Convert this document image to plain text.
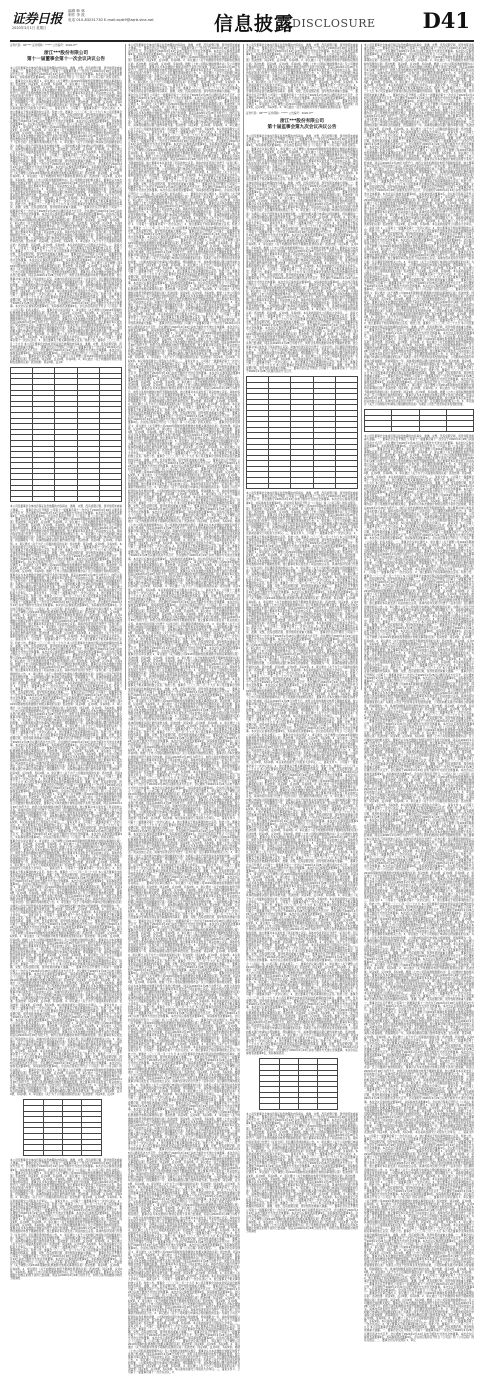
证券日报
2020年3月1日 星期日
编辑 韩 林
制作 李 波
电话 010-83251730 E-mail:zqrb9@zqrb.sina.net	信息披露
DISCLOSURE D41
证券代码：00**** 证券简称：***** 公告编号：2020-0**
浙江***股份有限公司
第十一届董事会第十一次会议决议公告
本公司及董事会全体成员保证信息披露的内容真实、准确、完整，没有虚假记载、误导性陈述或重大遗漏。一、董事会会议召开情况 公司第十一届董事会第十一次会议于2020年2月28日以通讯表决方式召开，会议通知于2020年2月24日以电子邮件方式送达全体董事。本次会议应参加表决董事9名，实际参加表决董事9名。会议的召集和召开符合《公司法》和《公司章程》的有关规定。二、董事会会议审议情况 1、审议通过《关于调整公司2019年限制性股票激励计划相关事项的议案》表决结果：同意9票，反对0票，弃权0票。2、审议通过《关于向激励对象授予限制性股票的议案》表决结果：同意9票，反对0票，弃权0票。根据《上市公司股权激励管理办法》及公司激励计划的相关规定，董事会认为本次激励计划规定的授予条件已经成就，同意以2020年2月28日为授予日，向符合条件的激励对象授予限制性股票。独立董事对本议案发表了同意的独立意见。具体内容详见同日刊登于《证券日报》及巨潮资讯网的相关公告。3、审议通过《关于公司向银行申请综合授信额度的议案》为满足公司生产经营和业务发展的需要，公司拟向相关银行申请综合授信额度，授信期限为一年，具体授信额度以银行最终审批为准。表决结果：同意9票，反对0票，弃权0票。4、审议通过《关于为子公司提供担保的议案》表决结果：同意9票，反对0票，弃权0票。本议案尚需提交公司股东大会审议。三、备查文件 1、公司第十一届董事会第十一次会议决议；2、独立董事关于相关事项的独立意见。特此公告。董事会 二〇二〇年二月二十九日 本公司及董事会全体成员保证信息披露的内容真实、准确、完整，没有虚假记载、误导性陈述或重大遗漏。一、董事会会议召开情况 公司第十一届董事会第十一次会议于2020年2月28日以通讯表决方式召开，会议通知于2020年2月24日以电子邮件方式送达全体董事。本次会议应参加表决董事9名，实际参加表决董事9名。会议的召集和召开符合《公司法》和《公司章程》的有关规定。二、董事会会议审议情况 1、审议通过《关于调整公司2019年限制性股票激励计划相关事项的议案》表决结果：同意9票，反对0票，弃权0票。2、审议通过《关于向激励对象授予限制性股票的议案》表决结果：同意9票，反对0票，弃权0票。根据《上市公司股权激励管理办法》及公司激励计划的相关规定，董事会认为本次激励计划规定的授予条件已经成就，同意以2020年2月28日为授予日，向符合条件的激励对象授予限制性股票。独立董事对本议案发表了同意的独立意见。具体内容详见同日刊登于《证券日报》及巨潮资讯网的相关公告。3、审议通过《关于公司向银行申请综合授信额度的议案》为满足公司生产经营和业务发展的需要，公司拟向相关银行申请综合授信额度，授信期限为一年，具体授信额度以银行最终审批为准。表决结果：同意9票，反对0票，弃权0票。4、审议通过《关于为子公司提供担保的议案》表决结果：同意9票，反对0票，弃权0票。本议案尚需提交公司股东大会审议。三、备查文件 1、公司第十一届董事会第十一次会议决议；2、独立董事关于相关事项的独立意见。特此公告。董事会 二〇二〇年二月二十九日 本公司及董事会全体成员保证信息披露的内容真实、准确、完整，没有虚假记载、误导性陈述或重大遗漏。一、董事会会议召开情况 公司第十一届董事会第十一次会议于2020年2月28日以通讯表决方式召开，会议通知于2020年2月24日以电子邮件方式送达全体董事。本次会议应参加表决董事9名，实际参加表决董事9名。会议的召集和召开符合《公司法》和《公司章程》的有关规定。二、董事会会议审议情况 1、审议通过《关于调整公司2019年限制性股票激励计划相关事项的议案》表决结果：同意9票，反对0票，弃权0票。2、审议通过《关于向激励对象授予限制性股票的议案》表决结果：同意9票，反对0票，弃权0票。根据《上市公司股权激励管理办法》及公司激励计划的相关规定，董事会认为本次激励计划规定的授予条件已经成就，同意以2020年2月28日为授予日，向符合条件的激励对象授予限制性股票。独立董事对本议案发表了同意的独立意见。具体内容详见同日刊登于《证券日报》及巨潮资讯网的相关公告。3、审议通过《关于公司向银行申请综合授信额度的议案》为满足公司生产经营和业务发展的需要，公司拟向相关银行申请综合授信额度，授信期限为一年，具体授信额度以银行最终审批为准。表决结果：同意9票，反对0票，弃权0票。4、审议通过《关于为子公司提供担保的议案》表决结果：同意9票，反对0票，弃权0票。本议案尚需提交公司股东大会审议。三、备查文件 1、公司第十一届董事会第十一次会议决议；2、独立董事关于相关事项的独立意见。特此公告。董事会 二〇二〇年二月二十九日 本公司及董事会全体成员保证信息披露的内容真实、准确、完整，没有虚假记载、误导性陈述或重大遗漏。一、董事会会议召开情况 公司第十一届董事会第十一次会议于2020年2月28日以通讯表决方式召开，会议通知于2020年2月24日以电子邮件方式送达全体董事。本次会议应参加表决董事9名，实际参加表决董事9名。会议的召集和召开符合《公司法》和《公司章程》的有关规定。二、董事会会议审议情况 1、审议通过《关于调整公司2019年限制性股票激励计划相关事项的议案》表决结果：同意9票，反对0票，弃权0票。2、审议通过《关于向激励对象授予限制性股票的议案》表决结果：同意9票，反对0票，弃权0票。根据《上市公司股权激励管理办法》及公司激励计划的相关规定，董事会认为本次激励计划规定的授予条件已经成就，同意以2020年2月28日为授予日，向符合条件的激励对象授予限制性股票。独立董事对本议案发表了同意的独立意见。具体内容详见同日刊登于《证券日报》及巨潮资讯网的相关公告。3、审议通过《关于公司向银行申请综合授信额度的议案》为满足公司生产经营和业务发展的需要，公司拟向相关银行申请综合授信额度，授信期限为一年，具体授信额度以银行最终审批为准。表决结果：同意9票，反对0票，弃权0票。4、审议通过《关于为子公司提供担保的议案》表决结果：同意9票，反对0票，弃权0票。本议案尚需提交公司股东大会审议。三、备查文件 1、公司第十一届董事会第十一次会议决议；2、独立董事关于相关事项的独立意见。特此公告。董事会 二〇二〇年二月二十九日 本公司及董事会全体成员保证信息披露的内容真实、准确、完整，没有虚假记载、误导性陈述或重大遗漏。一、董事会会议召开情况 公司第十一届董事会第十一次会议于2020年2月28日以通讯表决方式召开，会议通知于2020年2月24日以电子邮件方式送达全体董事。本次会议应参加表决董事9名，实际参加表决董事9名。会议的召集和召开符合《公司法》和《公司章程》的有关规定。二、董事会会议审议情况 1、审议通过《关于调整公司2019年限制性股票激励计划相关事项的议案》表决结果：同意9票，反对0票，弃权0票。2、审议通过《关于向激励对象授予限制性股票的议案》表决结果：同意9票，反对0票，弃权0票。根据《上市公司股权激励管理办法》及公司激励计划的相关规定，董事会认为本次激励计划规定的授予条件已经成就，同意以2020年2月28日为授予日，向符合条件的激励对象授予限制性股票。独立董事对本议案发表了同意的独立意见。具体内容详见同日刊登于《证券日报》及巨潮资讯网的相关公告。3、审议通过《关于公司向银行申请综合授信额度的议案》为满足公司生产经营和业务发展的需要，公司拟向相关银行申请综合授信额度，授信期限为一年，具体授信额度以银行最终审批为准。表决结果：同意9票，反对0票，弃权0票。4、审议通过《关于为子公司提供担保的议案》表决结果：同意9票，反对0票，弃权0票。本议案尚需提交公司股东大会审议。三、备查文件 1、公司第十一届董事会第十一次会议决议；2、独立董事关于相关事项的独立意见。特此公告。董事会 二〇二〇年二月二十九日 本公司及董事会全体成员保证信息披露的内容真实、准确、完整，没有虚假记载、误导性陈述或重大遗漏。一、董事会会议召开情况 公司第十一届董事会第十一次会议于2020年2月28日以通讯表决方式召开，会议通知于2020年2月24日以电子邮件方式送达全体董事。本次会议应参加表决董事9名，实际参加表决董事9名。会议的召集和召开符合《公司法》和《公司章程》的有关规定。二、董事会会议审议情况 1、审议通过《关于调整公司2019年限制性股票激励计划相关事项的议案》表决结果：同意9票，反对0票，弃权0票。2、审议通过《关于向激励对象授予限制性股票的议案》表决结果：同意9票，反对0票，弃权0票。根据《上市公司股权激励管理办法》及公司激励计划的相关规定，董事会认为本次激励计划规定的授予条件已经成就，同意以2020年2月28日为授予日，向符合条件的激励对象授予限制性股票。独立董事对本议案发表了同意的独立意见。具体内容详见同日刊登于《证券日报》及巨潮资讯网的相关公告。3、审议通过《关于公司向银行申请综合授信额度的议案》为满足公司生产经营和业务发展的需要，公司拟向相关银行申请综合授信额度，授信期限为一年，具体授信额度以银行最终审批为准。表决结果：同意9票，反对0票，弃权0票。4、审议通过《关于为子公司提供担保的议案》表决结果：同意9票，反对0票，弃权0票。本议案尚需提交公司股东大会审议。三、备查文件 1、公司第十一届董事会第十一次会议决议；2、独立董事关于相关事项的独立意见。特此公告。董事会 二〇二〇年二月二十九日 本公司及董事会全体成员保证信息披露的内容真实、准确、完整，没有虚假记载、误导性陈述或重大遗漏。一、董事会会议召开情况 公司第十一届董事会第十一次会议于2020年2月28日以通讯表决方式召开，会议通知于2020年2月24日以电子邮件方式送达全体董事。本次会议应参加表决董事9名，实际参加表决董事9名。会议的召集和召开符合《公司法》和《公司章程》的有关规定。二、董事会会议审议情况 1、审议通过《关于调整公司2019年限制性股票激励计划相关事项的议案》表决结果：同意9票，反对0票，弃权0票。2、审议通过《关于向激励对象授予限制性股票的议案》表决结果：同意9票，反对0

本公司及董事会全体成员保证信息披露的内容真实、准确、完整，没有虚假记载、误导性陈述或重大遗漏。一、董事会会议召开情况 公司第十一届董事会第十一次会议于2020年2月28日以通讯表决方式召开，会议通知于2020年2月24日以电子邮件方式送达全体董事。本次会议应参加表决董事9名，实际参加表决董事9名。会议的召集和召开符合《公司法》和《公司章程》的有关规定。二、董事会会议审议情况 1、审议通过《关于调整公司2019年限制性股票激励计划相关事项的议案》表决结果：同意9票，反对0票，弃权0票。2、审议通过《关于向激励对象授予限制性股票的议案》表决结果：同意9票，反对0票，弃权0票。根据《上市公司股权激励管理办法》及公司激励计划的相关规定，董事会认为本次激励计划规定的授予条件已经成就，同意以2020年2月28日为授予日，向符合条件的激励对象授予限制性股票。独立董事对本议案发表了同意的独立意见。具体内容详见同日刊登于《证券日报》及巨潮资讯网的相关公告。3、审议通过《关于公司向银行申请综合授信额度的议案》为满足公司生产经营和业务发展的需要，公司拟向相关银行申请综合授信额度，授信期限为一年，具体授信额度以银行最终审批为准。表决结果：同意9票，反对0票，弃权0票。4、审议通过《关于为子公司提供担保的议案》表决结果：同意9票，反对0票，弃权0票。本议案尚需提交公司股东大会审议。三、备查文件 1、公司第十一届董事会第十一次会议决议；2、独立董事关于相关事项的独立意见。特此公告。董事会 二〇二〇年二月二十九日 本公司及董事会全体成员保证信息披露的内容真实、准确、完整，没有虚假记载、误导性陈述或重大遗漏。一、董事会会议召开情况 公司第十一届董事会第十一次会议于2020年2月28日以通讯表决方式召开，会议通知于2020年2月24日以电子邮件方式送达全体董事。本次会议应参加表决董事9名，实际参加表决董事9名。会议的召集和召开符合《公司法》和《公司章程》的有关规定。二、董事会会议审议情况 1、审议通过《关于调整公司2019年限制性股票激励计划相关事项的议案》表决结果：同意9票，反对0票，弃权0票。2、审议通过《关于向激励对象授予限制性股票的议案》表决结果：同意9票，反对0票，弃权0票。根据《上市公司股权激励管理办法》及公司激励计划的相关规定，董事会认为本次激励计划规定的授予条件已经成就，同意以2020年2月28日为授予日，向符合条件的激励对象授予限制性股票。独立董事对本议案发表了同意的独立意见。具体内容详见同日刊登于《证券日报》及巨潮资讯网的相关公告。3、审议通过《关于公司向银行申请综合授信额度的议案》为满足公司生产经营和业务发展的需要，公司拟向相关银行申请综合授信额度，授信期限为一年，具体授信额度以银行最终审批为准。表决结果：同意9票，反对0票，弃权0票。4、审议通过《关于为子公司提供担保的议案》表决结果：同意9票，反对0票，弃权0票。本议案尚需提交公司股东大会审议。三、备查文件 1、公司第十一届董事会第十一次会议决议；2、独立董事关于相关事项的独立意见。特此公告。董事会 二〇二〇年二月二十九日 本公司及董事会全体成员保证信息披露的内容真实、准确、完整，没有虚假记载、误导性陈述或重大遗漏。一、董事会会议召开情况 公司第十一届董事会第十一次会议于2020年2月28日以通讯表决方式召开，会议通知于2020年2月24日以电子邮件方式送达全体董事。本次会议应参加表决董事9名，实际参加表决董事9名。会议的召集和召开符合《公司法》和《公司章程》的有关规定。二、董事会会议审议情况 1、审议通过《关于调整公司2019年限制性股票激励计划相关事项的议案》表决结果：同意9票，反对0票，弃权0票。2、审议通过《关于向激励对象授予限制性股票的议案》表决结果：同意9票，反对0票，弃权0票。根据《上市公司股权激励管理办法》及公司激励计划的相关规定，董事会认为本次激励计划规定的授予条件已经成就，同意以2020年2月28日为授予日，向符合条件的激励对象授予限制性股票。独立董事对本议案发表了同意的独立意见。具体内容详见同日刊登于《证券日报》及巨潮资讯网的相关公告。3、审议通过《关于公司向银行申请综合授信额度的议案》为满足公司生产经营和业务发展的需要，公司拟向相关银行申请综合授信额度，授信期限为一年，具体授信额度以银行最终审批为准。表决结果：同意9票，反对0票，弃权0票。4、审议通过《关于为子公司提供担保的议案》表决结果：同意9票，反对0票，弃权0票。本议案尚需提交公司股东大会审议。三、备查文件 1、公司第十一届董事会第十一次会议决议；2、独立董事关于相关事项的独立意见。特此公告。董事会 二〇二〇年二月二十九日 本公司及董事会全体成员保证信息披露的内容真实、准确、完整，没有虚假记载、误导性陈述或重大遗漏。一、董事会会议召开情况 公司第十一届董事会第十一次会议于2020年2月28日以通讯表决方式召开，会议通知于2020年2月24日以电子邮件方式送达全体董事。本次会议应参加表决董事9名，实际参加表决董事9名。会议的召集和召开符合《公司法》和《公司章程》的有关规定。二、董事会会议审议情况 1、审议通过《关于调整公司2019年限制性股票激励计划相关事项的议案》表决结果：同意9票，反对0票，弃权0票。2、审议通过《关于向激励对象授予限制性股票的议案》表决结果：同意9票，反对0票，弃权0票。根据《上市公司股权激励管理办法》及公司激励计划的相关规定，董事会认为本次激励计划规定的授予条件已经成就，同意以2020年2月28日为授予日，向符合条件的激励对象授予限制性股票。独立董事对本议案发表了同意的独立意见。具体内容详见同日刊登于《证券日报》及巨潮资讯网的相关公告。3、审议通过《关于公司向银行申请综合授信额度的议案》为满足公司生产经营和业务发展的需要，公司拟向相关银行申请综合授信额度，授信期限为一年，具体授信额度以银行最终审批为准。表决结果：同意9票，反对0票，弃权0票。4、审议通过《关于为子公司提供担保的议案》表决结果：同意9票，反对0票，弃权0票。本议案尚需提交公司股东大会审议。三、备查文件 1、公司第十一届董事会第十一次会议决议；2、独立董事关于相关事项的独立意见。特此公告。董事会 二〇二〇年二月二十九日 本公司及董事会全体成员保证信息披露的内容真实、准确、完整，没有虚假记载、误导性陈述或重大遗漏。一、董事会会议召开情况 公司第十一届董事会第十一次会议于2020年2月28日以通讯表决方式召开，会议通知于2020年2月24日以电子邮件方式送达全体董事。本次会议应参加表决董事9名，实际参加表决董事9名。会议的召集和召开符合《公司法》和《公司章程》的有关规定。二、董事会会议审议情况 1、审议通过《关于调整公司2019年限制性股票激励计划相关事项的议案》表决结果：同意9票，反对0票，弃权0票。2、审议通过《关于向激励对象授予限制性股票的议案》表决结果：同意9票，反对0票，弃权0票。根据《上市公司股权激励管理办法》及公司激励计划的相关规定，董事会认为本次激励计划规定的授予条件已经成就，同意以2020年2月28日为授予日，向符合条件的激励对象授予限制性股票。独立董事对本议案发表了同意的独立意见。具体内容详见同日刊登于《证券日报》及巨潮资讯网的相关公告。3、审议通过《关于公司向银行申请综合授信额度的议案》为满足公司生产经营和业务发展的需要，公司拟向相关银行申请综合授信额度，授信期限为一年，具体授信额度以银行最终审批为准。表决结果：同意9票，反对0票，弃权0票。4、审议通过《关于为子公司提供担保的议案》表决结果：同意9票，反对0票，弃权0票。本议案尚需提交公司股东大会审议。三、备查文件 1、公司第十一届董事会第十一次会议决议；2、独立董事关于相关事项的独立意见。特此公告。董事会 二〇二〇年二月二十九日 本公司及董事会全体成员保证信息披露的内容真实、准确、完整，没有虚假记载、误导性陈述或重大遗漏。一、董事会会议召开情况 公司第十一届董事会第十一次会议于2020年2月28日以通讯表决方式召开，会议通知于2020年2月24日以电子邮件方式送达全体董事。本次会议应参加表决董事9名，实际参加表决董事9名。会议的召集和召开符合《公司法》和《公司章程》的有关规定。二、董事会会议审议情况 1、审议通过《关于调整公司2019年限制性股票激励计划相关事项的议案》表决结果：同意9票，反对0票，弃权0票。2、审议通过《关于向激励对象授予限制性股票的议案》表决结果：同意9票，反对0票，弃权0票。根据《上市公司股权激励管理办法》及公司激励计划的相关规定，董事会认为本次激励计划规定的授予条件已经成就，同意以2020年2月28日为授予日，向符合条件的激励对象授予限制性股票。独立董事对本议案发表了同意的独立意见。具体内容详见同日刊登于《证券日报》及巨潮资讯网的相关公告。3、审议通过《关于公司向银行申请综合授信额度的议案》为满足公司生产经营和业务发展的需要，公司拟向相关银行申请综合授信额度，授信期限为一年，具体授信额度以银行最终审批为准。表决结果：同意9票，反对0票，弃权0票。4、审议通过《关于为子公司提供担保的议案》表决结果：同意9票，反对0票，弃权0票。本议案尚需提交公司股东大会审议。三、备查文件 1、公司第十一届董事会第十一次会议决议；2、独立董事关于相关事项的独立意见。特此公告。董事会 二〇二〇年二月二十九日 本公司及董事会全体成员保证信息披露的内容真实、准确、完整，没有虚假记载、误导性陈述或重大遗漏。一、董事会会议召开情况 公司第十一届董事会第十一次会议于2020年2月28日以通讯表决方式召开，会议通知于2020年2月24日以电子邮件方式送达全体董事。本次会议应参加表决董事9名，实际参加表决董事9名。会议的召集和召开符合《公司法》和《公司章程》的有关规定。二、董事会会议审议情况 1、审议通过《关于调整公司2019年限制性股票激励计划相关事项的议案》表决结果：同意9票，反对0票，弃权0票。2、审议通过《关于向激励对象授予限制性股票的议案》表决结果：同意9票，反对0票，弃权0票。根据《上市公司股权激励管理办法》及公司激励计划的相关规定，董事会认为本次激励计划规定的授予条件已经成就，同意以2020年2月28日为授予日，向符合条件的激励对象授予限制性股票。独立董事对本议案发表了同意的独立意见。具体内容详见同日刊登于《证券日报》及巨潮资讯网的相关公告。3、审议通过《关于公司向银行申请综合授信额度的议案》为满足公司生产经营和业务发展的需要，公司拟向相关银行申请综合授信额度，授信期限为一年，具体授信额度以银行最终审批为准。表决结果：同意9票，反对0票，弃权0票。4、审议通过《关于为子公司提供担保的议案》表决结果：同意9票，反对0票，弃权0票。本议案尚需提交公司股东大会审议。三、备查文件 1、公司第十一届董事会第十一次会议决议；2、独立董事关于相关事项的独立意见。特此公告。董事会 二〇二〇年二月二十九日 本公司及董事会全体成员保证信息披露的内容真实、准确、完整，没有虚假记载、误导性陈述或重大遗漏。一、董事会会议召开情况 公司第十一届董事会第十一次会议于2020年2月28日以通讯表决方式召开，会议通知于2020年2月24日以电子邮件方式送达全体董事。本次会议应参加表决董事9名，实际参加表决董事9名。会议的召集和召开符合《公司法》和《公司章程》的有关规定。二、董事会会议审议情况 1、审议通过《关于调整公司2019年限制性股票激励计划相关事项的议案》表决结果：同意9票，反对0票，弃权0票。2、审议通过《关于向激励对象授予限制性股票的议案》表决结果：同意9票，反对0票，弃权0票。根据《上市公司股权激励管理办法》及公司激励计划的相关规定，董事会认为本次激励计划规定的授予条件已经成就，同意以2020年2月28日为授予日，向符合条件的激励对象授予限制性股票。独立董事对本议案发表了同意的独立意见。具体内容详见同日刊登于《证券日报》及巨潮资讯网的相关公告。3、审议通过《关于公司向银行申请综合授信额度的议案》为满足公司生产经营和业务发展的需要，公司拟向相关银行申请综合授信额度，授信期限为一年，具体授信额度以银行最终审批为准。表决结果：同意9票，反对0票，弃权0票。4、审议通过《关于为子公司提供担保的议案》表决结果：同意9票，反对0票，弃权0票。本议案尚需提交公司股东大会审议。三、备查文件 1、公司第十一届董事会第十一次会议决议；2、独立董事关于相关事项的独立意见。特此公告。董事会 二〇二〇年二月二十九日 本公司及董事会全体成员保证信息披露的内容真实、准确、完整，没有虚假记载、误导性陈述或重大遗漏。一、董事会会议召开情况 公司第十一届董事会第十一次会议于2020年2月28日以通讯表决方式召开，会议通知于2020年2月24日以电子邮件方式送达全体董事。本次会议应参加表决董事9名，实际参加表决董事9名。会议的召集和召开符合《公司法》和《公司章程》的有关规定。二、董事会会议审议情况 1、审议通过《关于调整公司2019年限制性股票激励计划相关事项的议案》表决结果：同意9票，反对0票，弃权0票。2、审议通过《关于向激励对象授予限制性股票的议案》表决结果：同意9票，反对0票，弃权0票。根据《上市公司股权激励管理办法》及公司激励计划的相关规定，董事会认为本次激励计划规定的授予条件已经成就，同意以2020年2月28日为授予日，向符合条件的激励对象授予限制性股票。独立董事对本议案发表了同意的独立意见。具体内容详见同日刊登于《证券日报》及巨潮资讯网的相关公告。3、审议通过《关于公司向银行申请综合授信额度的议案》为满足公司生产经营和业务发展的需要，公司拟向相关银行申请综合授信额度，授信期限为一年，具体授信额度以银行最终审批为准。表决结果：同意9票，反对0票，弃权0票。4、审议通过《关于为子公司提供担保的议案》表决结果：同意9票，反对0票，弃权0票。本议案尚需提交公司股东大会审议。三、备查文件 1、公司第十一届董事会第十一次会议决议；2、独立董事关于相关事项的独立意见。特此公告。董事会 二〇二〇年二月二十九日 本公司及董事会全体成员保证信息披露的内容真实、准确、完整，没有虚假记载、误导性陈述或重大遗漏。一、董事会会议召开情况 公司第十一届董事会第十一次会议于2020年2月28日以通讯表决方式召开，会议通知于2020年2月24日以电子邮件方式送达全体董事。本次会议应参加表决董事9名，实际参加表决董事9名。会议的召集和召开符合《公司法》和《公司章程》的有关规定。二、董事会会议审议情况 1、审议通过《关于调整公司2019年限制性股票激励计划相关事项的议案》表决结果：同意9票，反对0票，弃权0票。2、审议通过《关于向激励对象授予限制性股票的议案》表决结果：同意9票，反对0票，弃权0票。根据《上市公司股权激励管理办法》及公司激励计划的相关规定，董事会认为本次激励计划规定的授予条件已经成就，同意以2020年2月28日为授予日，向符合条件的激励对象授予限制性股票。独立董事对本议案发表了同意的独立意见。具体内容详见同日刊登于《证券日报》及巨潮资讯网的相关公告。3、审议通过《关于公司向银行申请综合授信额度的议案》为满足公司生产经营和业务发展的需要，公司拟向相关银行申请综合授信额度，授信期限为一年，具体授信额度以银行最终审批为准。表决结果：同意9票，反对0票，弃权0票。4、审议通过《关于为子公司提供担保的议案》表决结果：同意9票，反对0票，弃权0票。本议案尚需提交公司股东大会审议。三、备查文件 1、公司第十一届董事会第十一次会议决议；2、独立董事关于相关事项的独立意见。特此公告。董事会 二〇二〇年二月二十九日 本公司及董事会全体成员保证信息披露的内容真实、准确、完整，没有虚假记载、误导性陈述或重大遗漏。一、董事会会议召开情况 公司第十一届董事会第十一次会议于2020年2月28日以通讯表决方式召开，会议通知于2020年2月24日以电子邮件方式送达全体董事。本次会议应参加表决董事9名，实际参加表决董事9名。会议的召集和召开符合《公司法》和《公司章程》的有关规定。二、董事会会议审议情况 1、审议通过《关于调整公司2019年限制性股票激励计划相关事项的议案》表决结果：同意9票，反对0票，弃权0票。2、审议通过《关于向激励对象授予限制性股票的议案》表决结果：同意9票，反对0票，弃权0票。根据《上市公司股权激励管理办法》及公司激励计划的相关规定，董事会认为本次激励计划规定的授予条件已经成就，同意以2020年2月28日为授予日，向符合条件的激励对象授予限制性股票。独立董事对本议案发表了同意的独立意见。具体内容详见同日刊登于《证券日报》及巨潮资讯网的相关公告。3、审议通过《关于公司向银行申请综合授信额度的议案》为满足公司生产经营和业务发展的需要，公司拟向相关银行申请综合授信额度，授信期限为一年，具体授信额度以银行最终审批为准。表决结果：同意9票，反对0票，弃权0票。4、审议通过《关于为子公司提供担保的议案》表决结果：同意9票，反对0票，弃权0票。本议案尚需提交公司股东大会审议。三、备查文件 1、公司第十一届董事会第十一次会议决议；2、独立董事关于相关事项的独立意见。特此公告。董事会 二〇二〇年二月二十九日 本公司及董事会全体成员保证信息披露的内容真实、准确、完整，没有虚假记载、误导性陈述或重大遗漏。一、董事会会议召开情况 公司第十一届董事会第十一次会议于2020年2月28日以通讯表决方式召开，会议通知于2020年2月24日以电子邮件方式送达全体董事。本次会议应参加表决董事9名，实际参加表决董事9名。会议的召集和召开符合《公司法》和《公司章程》的有关规定。二、董事会会议审议情况 1、审议通过《关于调整公司2019年限制性股票激励计划相关事项的议案》表决结果：同意9票，反对0票，弃权0票。2、审议通过《关于向激励对象授予限制性股票的议案》表决结果：同意9票，反对0票，弃权0票。根据《上市公司股权激励管理办法》及公司激励计划的相关规定，董事会认为本次激励计划规定的授予条件已经成就，同意以2020年2月28日为授予日，向符合条件的激励对象授予限制性股票。独立董事对本议案发表了同意的独立意见。具体内容详见同日刊登于《证券日报》及巨潮资讯网的相关公告。3、审议通过《关于公司向银行申请综合授信额度的议案》为满足公司生产经营和业务发展的需要，公司拟向相关银行申请综合授信额度，授信期限为一年，具体授信额度以银行最终审批为准。表决结果：同意9票，反对0票，弃权0票。4、审议通过《关于为子公司提供担保的议案》表决结果：同意9票，反对0票，弃权0票。本议案尚需提交公司股东大会审议。三、备查文件 1、公司第十一届董事会第十一次会议决议；2、独立董事关于相关事项的独立意见。特此公告。董事会 二〇二〇年二月二十九日 本公司及董事会全体成员保证信息披露的内容真实、准确、完整，没有虚假记载、误导性陈述或重大遗漏。一、董事会会议召开情况 公司第十一届董事会第十一次会议于2020年2月28日以通讯表决方式召开，会议通知于2020年2月24日以电子邮件方式送达全体董事。本次会议应参加表决董事9名，实际参加表决董事9名。会议的召集和召开符合《公司法》和《公司章程》的有关规定。二、董事会会议审议情况 1、审议通过《关于调整公司2019年限制性股票激励计划相关事项的议案》表决结果：同意9票，反对0票，弃权0票。2、审议通过《关于向激励对象授予限制性股票的议案》表决结果：同意9票，反对0票，弃权0票。根据《上市公司股权激励管理办法》及公司激励计划的相关规定，董事会认为本次激励计划规定的授予条件已经成就，同意以2020年2月28日为授予日，向符合条件的激励对象授予限制性股票。独立董事对本议案发表了同意的独立意见。具体内容详见同日刊登于《证券日报》及巨潮资讯网的相关公告。3、审议通过《关于公司向银行申请综合授信额度的议案》为满足公司生产经营和业务发展的需要，公司拟向相关银行申请综合授信额度，授信期限为一年，具体授信额度以银行最终审批为准。表决结果：同意9票，反对0票，弃权0票。4、审议通过《关于为子公司提供担保的议案》表决结果：同意9票，反对0

本公司及董事会全体成员保证信息披露的内容真实、准确、完整，没有虚假记载、误导性陈述或重大遗漏。一、董事会会议召开情况 公司第十一届董事会第十一次会议于2020年2月28日以通讯表决方式召开，会议通知于2020年2月24日以电子邮件方式送达全体董事。本次会议应参加表决董事9名，实际参加表决董事9名。会议的召集和召开符合《公司法》和《公司章程》的有关规定。二、董事会会议审议情况 1、审议通过《关于调整公司2019年限制性股票激励计划相关事项的议案》表决结果：同意9票，反对0票，弃权0票。2、审议通过《关于向激励对象授予限制性股票的议案》表决结果：同意9票，反对0票，弃权0票。根据《上市公司股权激励管理办法》及公司激励计划的相关规定，董事会认为本次激励计划规定的授予条件已经成就，同意以2020年2月28日为授予日，向符合条件的激励对象授予限制性股票。独立董事对本议案发表了同意的独立意见。具体内容详见同日刊登于《证券日报》及巨潮资讯网的相关公告。3、审议通过《关于公司向银行申请综合授信额度的议案》为满足公司生产经营和业务发展的需要，公司拟向相关银行申请综合授信额度，授信期限为一年，具体授信额度以银行最终审批为准。表决结果：同意9票，反对0票，弃权0票。4、审议通过《关于为子公司提供担保的议案》表决结果：同意9票，反对0票，弃权0票。本议案尚需提交公司股东大会审议。三、备查文件 1、公司第十一届董事会第十一次会议决议；2、独立董事关于相关事项的独立意见。特此公告。董事会 二〇二〇年二月二十九日 本公司及董事会全体成员保证信息披露的内容真实、准确、完整，没有虚假记载、误导性陈述或重大遗漏。一、董事会会议召开情况 公司第十一届董事会第十一次会议于2020年2月28日以通讯表决方式召开，会议通知于2020年2月24日以电子邮件方式送达全体董事。本次会议应参加表决董事9名，实际参加表决董事9名。会议的召集和召开符合《公司法》和《公司章程》的有关规定。二、董事会会议审议情况 1、审议通过《关于调整公司2019年限制性股票激励计划相关事项的议案》表决结果：同意9票，反对0票，弃权0票。2、审议通过《关于向激励对象授予限制性股票的议案》表决结果：同意9票，反对0票，弃权0票。根据《上市公司股权激励管理办法》及公司激励计划的相关规定，董事会认为本次激励计划规定的授予条件已经成就，同意以2020年2月28日为授予日，向符合条件的激励对象授予限制性股票。独立董事对本议案发表了同意的独立意见。具体内容详见同日刊登于《证券日报》及巨潮资讯网的相关公告。3、审议通过《关于公司向银行申请综合授信额度的议案》为满足公司生产经营和业务发展的需要，公司拟向相关银行申请综合授信额度，授信期限为一年，具体授信额度以银行最终审批为准。表决结果：同意9票，反对0票，弃权0票。4、审议通过《关于为子公司提供担保的议案》表决结果：同意9票，反对0票，弃权0票。本议案尚需提交公司股东大会审议。三、备查文件 1、公司第十一届董事会第十一次会议决议；2、独立董事关于相关事项的独立意见。特此公告。董事会 二〇二〇年二月二十九日 本公司及董事会全体成员保证信息披露的内容真实、准确、完整，没有虚假记载、误导性陈述或重大遗漏。一、董事会会议召开情况 公司第十一届董事会第十一次会议于2020年2月28日以通讯表决方式召开，会议通知于2020年2月24日以电子邮件方式送达全体董事。本次会议应参加表决董事9名，实际参加表决董事9名。会议的召集和召开符合《公司法》和《公司章程》的有关规定。二、董事会会议审议情况 1、审议通过《关于调整公司2019年限制性股票激励计划相关事项的议案》表决结果：同意9票，反对0票，弃权0票。2、审议通过《关于向激励对象授予限制性股票的议案》表决结果：同意9票，反对0票，弃权0票。根据《上市公司股权激励管理办法》及公司激励计划的相关规定，董事会认为本次激励计划规定的授予条件已经成就，同意以2020年2月28日为授予日，向符合条件的激励对象授予限制性
本公司及董事会全体成员保证信息披露的内容真实、准确、完整，没有虚假记载、误导性陈述或重大遗漏。一、董事会会议召开情况 公司第十一届董事会第十一次会议于2020年2月28日以通讯表决方式召开，会议通知于2020年2月24日以电子邮件方式送达全体董事。本次会议应参加表决董事9名，实际参加表决董事9名。会议的召集和召开符合《公司法》和《公司章程》的有关规定。二、董事会会议审议情况 1、审议通过《关于调整公司2019年限制性股票激励计划相关事项的议案》表决结果：同意9票，反对0票，弃权0票。2、审议通过《关于向激励对象授予限制性股票的议案》表决结果：同意9票，反对0票，弃权0票。根据《上市公司股权激励管理办法》及公司激励计划的相关规定，董事会认为本次激励计划规定的授予条件已经成就，同意以2020年2月28日为授予日，向符合条件的激励对象授予限制性股票。独立董事对本议案发表了同意的独立意见。具体内容详见同日刊登于《证券日报》及巨潮资讯网的相关公告。3、审议通过《关于公司向银行申请综合授信额度的议案》为满足公司生产经营和业务发展的需要，公司拟向相关银行申请综合授信额度，授信期限为一年，具体授信额度以银行最终审批为准。表决结果：同意9票，反对0票，弃权0票。4、审议通过《关于为子公司提供担保的议案》表决结果：同意9票，反对0票，弃权0票。本议案尚需提交公司股东大会审议。三、备查文件 1、公司第十一届董事会第十一次会议决议；2、独立董事关于相关事项的独立意见。特此公告。董事会 二〇二〇年二月二十九日 本公司及董事会全体成员保证信息披露的内容真实、准确、完整，没有虚假记载、误导性陈述或重大遗漏。一、董事会会议召开情况 公司第十一届董事会第十一次会议于2020年2月28日以通讯表决方式召开，会议通知于2020年2月24日以电子邮件方式送达全体董事。本次会议应参加表决董事9名，实际参加表决董事9名。会议的召集和召开符合《公司法》和《公司章程》的有关规定。二、董事会会议审议情况 1、审议通过《关于调整公司2019年限制性股票激励计划相关事项的议案》表决结果：同意9票，反对0票，弃权0票。2、审议通过《关于向激励对象授予限制性股票的议案》表决结果：同意9票，反对0票，弃权0票。根据《上市公司股权激励管理办法》及公司激励计划的相关规定，董事会认为本次激励计划规定的授予条件已经成就，同意以2020年2月28日为授予日，向符合条件的激励对象授予限制性股票。独立董事对本议案发表了同意的独立意见。具体内容详见同日刊登于《证券日报》及巨潮资讯网的相关公告。3、审议通过《关于公司向银行申请综合授信额度的议案》为满足公司生产经营和业务发展的需要，公司拟向相关银行申请综合授信额度，授信期限为一年，具体授信额度以银行最终审批为准。表决结果：同意9票，反对0票，弃权0票。4、审议通过《关于为子公司提供担保的议案》表决结果：同意9票，反对0票，弃权0票。本议案尚需提交公司股东大会审议。三、备查文件 1、公司第十一届董事会第十一次会议决议；2、独立董事关于相关事项的独立意见。特此公告。董事会 二〇二〇年二月二十九日 本公司及董事会全体成员保证信息披露的内容真实、准确、完整，没有虚假记载、误导性陈述或重大遗漏。一、董事会会议召开情况 公司第十一届董事会第十一次会议于2020年2月28日以通讯表决方式召开，会议通知于2020年2月24日以电子邮件方式送达全体董事。本次会议应参加表决董事9名，实际参加表决董事9名。会议的召集和召开符合《公司法》和《公司章程》的有关规定。二、董事会会议审议情况 1、审议通过《关于调整公司2019年限制性股票激励计划相关事项的议案》表决结果：同意9票，反对0票，弃权0票。2、审议通过《关于向激励对象授予限制性股票的议案》表决结果：同意9票，反对0票，弃权0票。根据《上市公司股权激励管理办法》及公司激励计划的相关规定，董事会认为本次激励计划规定的授予条件已经成就，同意以2020年2月28日为授予日，向符合条件的激励对象授予限制性股票。独立董事对本议案发表了同意的独立意见。具体内容详见同日刊登于《证券日报》及巨潮资讯网的相关公告。3、审议通过《关于公司向银行申请综合授信额度的议案》为满足公司生产经营和业务发展的需要，公司拟向相关银行申请综合授信额度，授信期限为一年，具体授信额度以银行最终审批为准。表决结果：同意9票，反对0票，弃权0票。4、审议通过《关于为子公司提供担保的议案》表决结果：同意9票，反对0票，弃权0票。本议案尚需提交公司股东大会审议。三、备查文件 1、公司第十一届董事会第十一次会议决议；2、独立董事关于相关事项的独立意见。特此公告。董事会 二〇二〇年二月二十九日 本公司及董事会全体成员保证信息披露的内容真实、准确、完整，没有虚假记载、误导性陈述或重大遗漏。一、董事会会议召开情况 公司第十一届董事会第十一次会议于2020年2月28日以通讯表决方式召开，会议通知于2020年2月24日以电子邮件方式送达全体董事。本次会议应参加表决董事9名，实际参加表决董事9名。会议的召集和召开符合《公司法》和《公司章程》的有关规定。二、董事会会议审议情况 1、审议通过《关于调整公司2019年限制性股票激励计划相关事项的议案》表决结果：同意9票，反对0票，弃权0票。2、审议通过《关于向激励对象授予限制性股票的议案》表决结果：同意9票，反对0票，弃权0票。根据《上市公司股权激励管理办法》及公司激励计划的相关规定，董事会认为本次激励计划规定的授予条件已经成就，同意以2020年2月28日为授予日，向符合条件的激励对象授予限制性股票。独立董事对本议案发表了同意的独立意见。具体内容详见同日刊登于《证券日报》及巨潮资讯网的相关公告。3、审议通过《关于公司向银行申请综合授信额度的议案》为满足公司生产经营和业务发展的需要，公司拟向相关银行申请综合授信额度，授信期限为一年，具体授信额度以银行最终审批为准。表决结果：同意9票，反对0票，弃权0票。4、审议通过《关于为子公司提供担保的议案》表决结果：同意9票，反对0票，弃权0票。本议案尚需提交公司股东大会审议。三、备查文件 1、公司第十一届董事会第十一次会议决议；2、独立董事关于相关事项的独立意见。特此公告。董事会 二〇二〇年二月二十九日 本公司及董事会全体成员保证信息披露的内容真实、准确、完整，没有虚假记载、误导性陈述或重大遗漏。一、董事会会议召开情况 公司第十一届董事会第十一次会议于2020年2月28日以通讯表决方式召开，会议通知于2020年2月24日以电子邮件方式送达全体董事。本次会议应参加表决董事9名，实际参加表决董事9名。会议的召集和召开符合《公司法》和《公司章程》的有关规定。二、董事会会议审议情况 1、审议通过《关于调整公司2019年限制性股票激励计划相关事项的议案》表决结果：同意9票，反对0票，弃权0票。2、审议通过《关于向激励对象授予限制性股票的议案》表决结果：同意9票，反对0票，弃权0票。根据《上市公司股权激励管理办法》及公司激励计划的相关规定，董事会认为本次激励计划规定的授予条件已经成就，同意以2020年2月28日为授予日，向符合条件的激励对象授予限制性股票。独立董事对本议案发表了同意的独立意见。具体内容详见同日刊登于《证券日报》及巨潮资讯网的相关公告。3、审议通过《关于公司向银行申请综合授信额度的议案》为满足公司生产经营和业务发展的需要，公司拟向相关银行申请综合授信额度，授信期限为一年，具体授信额度以银行最终审批为准。表决结果：同意9票，反对0票，弃权0票。4、审议通过《关于为子公司提供担保的议案》表决结果：同意9票，反对0票，弃权0票。本议案尚需提交公司股东大会审议。三、备查文件 1、公司第十一届董事会第十一次会议决议；2、独立董事关于相关事项的独立意见。特此公告。董事会 二〇二〇年二月二十九日 本公司及董事会全体成员保证信息披露的内容真实、准确、完整，没有虚假记载、误导性陈述或重大遗漏。一、董事会会议召开情况 公司第十一届董事会第十一次会议于2020年2月28日以通讯表决方式召开，会议通知于2020年2月24日以电子邮件方式送达全体董事。本次会议应参加表决董事9名，实际参加表决董事9名。会议的召集和召开符合《公司法》和《公司章程》的有关规定。二、董事会会议审议情况 1、审议通过《关于调整公司2019年限制性股票激励计划相关事项的议案》表决结果：同意9票，反对0票，弃权0票。2、审议通过《关于向激励对象授予限制性股票的议案》表决结果：同意9票，反对0票，弃权0票。根据《上市公司股权激励管理办法》及公司激励计划的相关规定，董事会认为本次激励计划规定的授予条件已经成就，同意以2020年2月28日为授予日，向符合条件的激励对象授予限制性股票。独立董事对本议案发表了同意的独立意见。具体内容详见同日刊登于《证券日报》及巨潮资讯网的相关公告。3、审议通过《关于公司向银行申请综合授信额度的议案》为满足公司生产经营和业务发展的需要，公司拟向相关银行申请综合授信额度，授信期限为一年，具体授信额度以银行最终审批为准。表决结果：同意9票，反对0票，弃权0票。4、审议通过《关于为子公司提供担保的议案》表决结果：同意9票，反对0票，弃权0票。本议案尚需提交公司股东大会审议。三、备查文件 1、公司第十一届董事会第十一次会议决议；2、独立董事关于相关事项的独立意见。特此公告。董事会 二〇二〇年二月二十九日 本公司及董事会全体成员保证信息披露的内容真实、准确、完整，没有虚假记载、误导性陈述或重大遗漏。一、董事会会议召开情况 公司第十一届董事会第十一次会议于2020年2月28日以通讯表决方式召开，会议通知于2020年2月24日以电子邮件方式送达全体董事。本次会议应参加表决董事9名，实际参加表决董事9名。会议的召集和召开符合《公司法》和《公司章程》的有关规定。二、董事会会议审议情况 1、审议通过《关于调整公司2019年限制性股票激励计划相关事项的议案》表决结果：同意9票，反对0票，弃权0票。2、审议通过《关于向激励对象授予限制性股票的议案》表决结果：同意9票，反对0票，弃权0票。根据《上市公司股权激励管理办法》及公司激励计划的相关规定，董事会认为本次激励计划规定的授予条件已经成就，同意以2020年2月28日为授予日，向符合条件的激励对象授予限制性股票。独立董事对本议案发表了同意的独立意见。具体内容详见同日刊登于《证券日报》及巨潮资讯网的相关公告。3、审议通过《关于公司向银行申请综合授信额度的议案》为满足公司生产经营和业务发展的需要，公司拟向相关银行申请综合授信额度，授信期限为一年，具体授信额度以银行最终审批为准。表决结果：同意9票，反对0票，弃权0票。4、审议通过《关于为子公司提供担保的议案》表决结果：同意9票，反对0票，弃权0票。本议案尚需提交公司股东大会审议。三、备查文件 1、公司第十一届董事会第十一次会议决议；2、独立董事关于相关事项的独立意见。特此公告。董事会 二〇二〇年二月二十九日 本公司及董事会全体成员保证信息披露的内容真实、准确、完整，没有虚假记载、误导性陈述或重大遗漏。一、董事会会议召开情况 公司第十一届董事会第十一次会议于2020年2月28日以通讯表决方式召开，会议通知于2020年2月24日以电子邮件方式送达全体董事。本次会议应参加表决董事9名，实际参加表决董事9名。会议的召集和召开符合《公司法》和《公司章程》的有关规定。二、董事会会议审议情况 1、审议通过《关于调整公司2019年限制性股票激励计划相关事项的议案》表决结果：同意9票，反对0票，弃权0票。2、审议通过《关于向激励对象授予限制性股票的议案》表决结果：同意9票，反对0票，弃权0票。根据《上市公司股权激励管理办法》及公司激励计划的相关规定，董事会认为本次激励计划规定的授予条件已经成就，同意以2020年2月28日为授予日，向符合条件的激励对象授予限制性股票。独立董事对本议案发表了同意的独立意见。具体内容详见同日刊登于《证券日报》及巨潮资讯网的相关公告。3、审议通过《关于公司向银行申请综合授信额度的议案》为满足公司生产经营和业务发展的需要，公司拟向相关银行申请综合授信额度，授信期限为一年，具体授信额度以银行最终审批为准。表决结果：同意9票，反对0票，弃权0票。4、审议通过《关于为子公司提供担保的议案》表决结果：同意9票，反对0票，弃权0票。本议案尚需提交公司股东大会审议。三、备查文件 1、公司第十一届董事会第十一次会议决议；2、独立董事关于相关事项的独立意见。特此公告。董事会 二〇二〇年二月二十九日 本公司及董事会全体成员保证信息披露的内容真实、准确、完整，没有虚假记载、误导性陈述或重大遗漏。一、董事会会议召开情况 公司第十一届董事会第十一次会议于2020年2月28日以通讯表决方式召开，会议通知于2020年2月24日以电子邮件方式送达全体董事。本次会议应参加表决董事9名，实际参加表决董事9名。会议的召集和召开符合《公司法》和《公司章程》的有关规定。二、董事会会议审议情况 1、审议通过《关于调整公司2019年限制性股票激励计划相关事项的议案》表决结果：同意9票，反对0票，弃权0票。2、审议通过《关于向激励对象授予限制性股票的议案》表决结果：同意9票，反对0票，弃权0票。根据《上市公司股权激励管理办法》及公司激励计划的相关规定，董事会认为本次激励计划规定的授予条件已经成就，同意以2020年2月28日为授予日，向符合条件的激励对象授予限制性股票。独立董事对本议案发表了同意的独立意见。具体内容详见同日刊登于《证券日报》及巨潮资讯网的相关公告。3、审议通过《关于公司向银行申请综合授信额度的议案》为满足公司生产经营和业务发展的需要，公司拟向相关银行申请综合授信额度，授信期限为一年，具体授信额度以银行最终审批为准。表决结果：同意9票，反对0票，弃权0票。4、审议通过《关于为子公司提供担保的议案》表决结果：同意9票，反对0票，弃权0票。本议案尚需提交公司股东大会审议。三、备查文件 1、公司第十一届董事会第十一次会议决议；2、独立董事关于相关事项的独立意见。特此公告。董事会 二〇二〇年二月二十九日 本公司及董事会全体成员保证信息披露的内容真实、准确、完整，没有虚假记载、误导性陈述或重大遗漏。一、董事会会议召开情况 公司第十一届董事会第十一次会议于2020年2月28日以通讯表决方式召开，会议通知于2020年2月24日以电子邮件方式送达全体董事。本次会议应参加表决董事9名，实际参加表决董事9名。会议的召集和召开符合《公司法》和《公司章程》的有关规定。二、董事会会议审议情况 1、审议通过《关于调整公司2019年限制性股票激励计划相关事项的议案》表决结果：同意9票，反对0票，弃权0票。2、审议通过《关于向激励对象授予限制性股票的议案》表决结果：同意9票，反对0票，弃权0票。根据《上市公司股权激励管理办法》及公司激励计划的相关规定，董事会认为本次激励计划规定的授予条件已经成就，同意以2020年2月28日为授予日，向符合条件的激励对象授予限制性股票。独立董事对本议案发表了同意的独立意见。具体内容详见同日刊登于《证券日报》及巨潮资讯网的相关公告。3、审议通过《关于公司向银行申请综合授信额度的议案》为满足公司生产经营和业务发展的需要，公司拟向相关银行申请综合授信额度，授信期限为一年，具体授信额度以银行最终审批为准。表决结果：同意9票，反对0票，弃权0票。4、审议通过《关于为子公司提供担保的议案》表决结果：同意9票，反对0票，弃权0票。本议案尚需提交公司股东大会审议。三、备查文件 1、公司第十一届董事会第十一次会议决议；2、独立董事关于相关事项的独立意见。特此公告。董事会 二〇二〇年二月二十九日 本公司及董事会全体成员保证信息披露的内容真实、准确、完整，没有虚假记载、误导性陈述或重大遗漏。一、董事会会议召开情况 公司第十一届董事会第十一次会议于2020年2月28日以通讯表决方式召开，会议通知于2020年2月24日以电子邮件方式送达全体董事。本次会议应参加表决董事9名，实际参加表决董事9名。会议的召集和召开符合《公司法》和《公司章程》的有关规定。二、董事会会议审议情况 1、审议通过《关于调整公司2019年限制性股票激励计划相关事项的议案》表决结果：同意9票，反对0票，弃权0票。2、审议通过《关于向激励对象授予限制性股票的议案》表决结果：同意9票，反对0票，弃权0票。根据《上市公司股权激励管理办法》及公司激励计划的相关规定，董事会认为本次激励计划规定的授予条件已经成就，同意以2020年2月28日为授予日，向符合条件的激励对象授予限制性股票。独立董事对本议案发表了同意的独立意见。具体内容详见同日刊登于《证券日报》及巨潮资讯网的相关公告。3、审议通过《关于公司向银行申请综合授信额度的议案》为满足公司生产经营和业务发展的需要，公司拟向相关银行申请综合授信额度，授信期限为一年，具体授信额度以银行最终审批为准。表决结果：同意9票，反对0票，弃权0票。4、审议通过《关于为子公司提供担保的议案》表决结果：同意9票，反对0票，弃权0票。本议案尚需提交公司股东大会审议。三、备查文件 1、公司第十一届董事会第十一次会议决议；2、独立董事关于相关事项的独立意见。特此公告。董事会 二〇二〇年二月二十九日 本公司及董事会全体成员保证信息披露的内容真实、准确、完整，没有虚假记载、误导性陈述或重大遗漏。一、董事会会议召开情况 公司第十一届董事会第十一次会议于2020年2月28日以通讯表决方式召开，会议通知于2020年2月24日以电子邮件方式送达全体董事。本次会议应参加表决董事9名，实际参加表决董事9名。会议的召集和召开符合《公司法》和《公司章程》的有关规定。二、董事会会议审议情况 1、审议通过《关于调整公司2019年限制性股票激励计划相关事项的议案》表决结果：同意9票，反对0票，弃权0票。2、审议通过《关于向激励对象授予限制性股票的议案》表决结果：同意9票，反对0票，弃权0票。根据《上市公司股权激励管理办法》及公司激励计划的相关规定，董事会认为本次激励计划规定的授予条件已经成就，同意以2020年2月28日为授予日，向符合条件的激励对象授予限制性股票。独立董事对本议案发表了同意的独立意见。具体内容详见同日刊登于《证券日报》及巨潮资讯网的相关公告。3、审议通过《关于公司向银行申请综合授信额度的议案》为满足公司生产经营和业务发展的需要，公司拟向相关银行申请综合授信额度，授信期限为一年，具体授信额度以银行最终审批为准。表决结果：同意9票，反对0票，弃权0票。4、审议通过《关于为子公司提供担保的议案》表决结果：同意9票，反对0票，弃权0票。本议案尚需提交公司股东大会审议。三、备查文件 1、公司第十一届董事会第十一次会议决议；2、独立董事关于相关事项的独立意见。特此公告。董事会 二〇二〇年二月二十九日 本公司及董事会全体成员保证信息披露的内容真实、准确、完整，没有虚假记载、误导性陈述或重大遗漏。一、董事会会议召开情况 公司第十一届董事会第十一次会议于2020年2月28日以通讯表决方式召开，会议通知于2020年2月24日以电子邮件方式送达全体董事。本次会议应参加表决董事9名，实际参加表决董事9名。会议的召集和召开符合《公司法》和《公司章程》的有关规定。二、董事会会议审议情况 1、审议通过《关于调整公司2019年限制性股票激励计划相关事项的议案》表决结果：同意9票，反对0票，弃权0票。2、审议通过《关于向激励对象授予限制性股票的议案》表决结果：同意9票，反对0票，弃权0票。根据《上市公司股权激励管理办法》及公司激励计划的相关规定，董事会认为本次激励计划规定的授予条件已经成就，同意以2020年2月28日为授予日，向符合条件的激励对象授予限制性股票。独立董事对本议案发表了同意的独立意见。具体内容详见同日刊登于《证券日报》及巨潮资讯网的相关公告。3、审议通过《关于公司向银行申请综合授信额度的议案》为满足公司生产经营和业务发展的需要，公司拟向相关银行申请综合授信额度，授信期限为一年，具体授信额度以银行最终审批为准。表决结果：同意9票，反对0票，弃权0票。4、审议通过《关于为子公司提供担保的议案》表决结果：同意9票，反对0票，弃权0票。本议案尚需提交公司股东大会审议。三、备查文件 1、公司第十一届董事会第十一次会议决议；2、独立董事关于相关事项的独立意见。特此公告。董事会 二〇二〇年二月二十九日 本公司及董事会全体成员保证信息披露的内容真实、准确、完整，没有虚假记载、误导性陈述或重大遗漏。一、董事会会议召开情况 公司第十一届董事会第十一次会议于2020年2月28日以通讯表决方式召开，会议通知于2020年2月24日以电子邮件方式送达全体董事。本次会议应参加表决董事9名，实际参加表决董事9名。会议的召集和召开符合《公司法》和《公司章程》的有关规定。二、董事会会议审议情况 1、审议通过《关于调整公司2019年限制性股票激励计划相关事项的议案》表决结果：同意9票，反对0票，弃权0票。2、审议通过《关于向激励对象授予限制性股票的议案》表决结果：同意9票，反对0票，弃权0票。根据《上市公司股权激励管理办法》及公司激励计划的相关规定，董事会认为本次激励计划规定的授予条件已经成就，同意以2020年2月28日为授予日，向符合条件的激励对象授予限制性股票。独立董事对本议案发表了同意的独立意见。具体内容详见同日刊登于《证券日报》及巨潮资讯网的相关公告。3、审议通过《关于公司向银行申请综合授信额度的议案》为满足公司生产经营和业务发展的需要，公司拟向相关银行申请综合授信额度，授信期限为一年，具体授信额度以银行最终审批为准。表决结果：同意9票，反对0票，弃权0票。4、审议通过《关于为子公司提供担保的议案》表决结果：同意9票，反对0票，弃权0票。本议案尚需提交公司股东大会审议。三、备查文件 1、公司第十一届董事会第十一次会议决议；2、独立董事关于相关事项的独立意见。特此公告。董事会 二〇二〇年二月二十九日 本公司及董事会全体成员保证信息披露的内容真实、准确、完整，没有虚假记载、误导性陈述或重大遗漏。一、董事会会议召开情况 公司第十一届董事会第十一次会议于2020年2月28日以通讯表决方式召开，会议通知于2020年2月24日以电子邮件方式送达全体董事。本次会议应参加表决董事9名，实际参加表决董事9名。会议的召集和召开符合《公司法》和《公司章程》的有关规定。二、董事会会议审议情况 1、审议通过《关于调整公司2019年限制性股票激励计划相关事项的议案》表决结果：同意9票，反对0票，弃权0票。2、审议通过《关于向激励对象授予限制性股票的议案》表决结果：同意9票，反对0票，弃权0票。根据《上市公司股权激励管理办法》及公司激励计划的相关规定，董事会认为本次激励计划规定的授予条件已经成就，同意以2020年2月28日为授予日，向符合条件的激励对象授予限制性股票。独立董事对本议案发表了同意的独立意见。具体内容详见同日刊登于《证券日报》及巨潮资讯网的相关公告。3、审议通过《关于公司向银行申请综合授信额度的议案》为满足公司生产经营和业务发展的需要，公司拟向相关银行申请综合授信额度，授信期限为一年，具体授信额度以银行最终审批为准。表决结果：同意9票，反对0票，弃权0票。4、审议通过《关于为子公司提供担保的议案》表决结果：同意9票，反对0票，弃权0票。本议案尚需提交公司股东大会审议。三、备查文件 1、公司第十一届董事会第十一次会议决议；2、独立董事关于相关事项的独立意见。特此公告。董事会 二〇二〇年二月二十九日 本公司及董事会全体成员保证信息披露的内容真实、准确、完整，没有虚假记载、误导性陈述或重大遗漏。一、董事会会议召开情况 公司第十一届董事会第十一次会议于2020年2月28日以通讯表决方式召开，会议通知于2020年2月24日以电子邮件方式送达全体董事。本次会议应参加表决董事9名，实际参加表决董事9名。会议的召集和召开符合《公司法》和《公司章程》的有关规定。二、董事会会议审议情况 1、审议通过《关于调整公司2019年限制性股票激励计划相关事项的议案》表决结果：同意9票，反对0票，弃权0票。2、审议通过《关于向激励对象授予限制性股票的议案》表决结果：同意9票，反对0票，弃权0票。根据《上市公司股权激励管理办法》及公司激励计划的相关规定，董事会认为本次激励计划规定的授予条件已经成就，同意以2020年2月28日为授予日，向符合条件的激励对象授予限制性股票。独立董事对本议案发表了同意的独立意见。具体内容详见同日刊登于《证券日报》及巨潮资讯网的相关公告。3、审议通过《关于公司向银行申请综合授信额度的议案》为满足公司生产经营和业务发展的需要，公司拟向相关银行申请综合授信额度，授信期限为一年，具体授信额度以银行最终审批为准。表决结果：同意9票，反对0票，弃权0票。4、审议通过《关于为子公司提供担保的议案》表决结果：同意9票，反对0票，弃权0票。本议案尚需提交公司股东大会审议。三、备查文件 1、公司第十一届董事会第十一次会议决议；2、独立董事关于相关事项的独立意见。特此公告。董事会 二〇二〇年二月二十九日 本公司及董事会全体成员保证信息披露的内容真实、准确、完整，没有虚假记载、误导性陈述或重大遗漏。一、董事会会议召开情况 公司第十一届董事会第十一次会议于2020年2月28日以通讯表决方式召开，会议通知于2020年2月24日以电子邮件方式送达全体董事。本次会议应参加表决董事9名，实际参加表决董事9名。会议的召集和召开符合《公司法》和《公司章程》的有关规定。二、董事会会议审议情况 1、审议通过《关于调整公司2019年限制性股票激励计划相关事项的议案》表决结果：同意9票，反对0票，弃权0票。2、审议通过《关于向激励对象授予限制性股票的议案》表决结果：同意9票，反对0票，弃权0票。根据《上市公司股权激励管理办法》及公司激励计划的相关规定，董事会认为本次激励计划规定的授予条件已经成就，同意以2020年2月28日为授予日，向符合条件的激励对象授予限制性股票。独立董事对本议案发表了同意的独立意见。具体内容详见同日刊登于《证券日报》及巨潮资讯网的相关公告。3、审议通过《关于公司向银行申请综合授信额度的议案》为满足公司生产经营和业务发展的需要，公司拟向相关银行申请综合授信额度，授信期限为一年，具体授信额度以银行最终审批为准。表决结果：同意9票，反对0票，弃权0票。4、审议通过《关于为子公司提供担保的议案》表决结果：同意9票，反对0票，弃权0票。本议案尚需提交公司股东大会审议。三、备查文件 1、公司第十一届董事会第十一次会议决议；2、独立董事关于相关事项的独立意见。特此公告。董事会 二〇二〇年二月二十九日 本公司及董事会全体成员保证信息披露的内容真实、准确、完整，没有虚假记载、误导性陈述或重大遗漏。一、董事会会议召开情况 公司第十一届董事会第十一次会议于2020年2月28日以通讯表决方式召开，会议通知于2020年2月24日以电子邮件方式送达全体董事。本次会议应参加表决董事9名，实际参加表决董事9名。会议的召集和召开符合《公司法》和《公司章程》的有关规定。二、董事会会议审议情况 1、审议通过《关于调整公司2019年限制性股票激励计划相关事项的议案》表决结果：同意9票，反对0票，弃权0票。2、审议通过《关于向激励对象授予限制性股票的议案》表决结果：同意9票，反对0票，弃权0票。根据《上市公司股权激励管理办法》及公司激励计划的相关规定，董事会认为本次激励计划规定的授予条件已经成就，同意以2020年2月28日为授予日，向符合条件的激励对象授予限制性股票。独立董事对本议案发表了同意的独立意见。具体内容详见同日刊登于《证券日报》及巨潮资讯网的相关公告。3、审议通过《关于公司向银行申请综合授信额度的议案》为满足公司生产经营和业务发展的需要，公司拟向相关银行申请综合授信额度，授信期限为一年，具体授信额度以银行最终审批为准。表决结果：同意9票，反对0票，弃权0票。4、审议通过《关于为子公司提供担保的议案》表决结果：同意9票，反对0票，弃权0票。本议案尚需提交公司股东大会审议。三、备查文件 1、公司第十一届董事会第十一次会议决议；2、独立董事关于相关事项的独立意见。特此公告。董事会 二〇二〇年二月二十九日 本公司及董事会全体成员保证信息披露的内容真实、准确、完整，没有虚假记载、误导性陈述或重大遗漏。一、董事会会议召开情况 公司第十一届董事会第十一次会议于2020年2月28日以通讯表决方式召开，会议通知于2020年2月24日以电子邮件方式送达全体董事。本次会议应参加表决董事9名，实际参加表决董事9名。会议的召集和召开符合《公司法》和《公司章程》的有关规定。二、董事会会议审议情况 1、审议通过《关于调整公司2019年限制性股票激励计划相关事项的议案》表决结果：同意9票，反对0票，弃权0票。2、审议通过《关于向激励对象授予限制性股票的议案》表决结果：同意9票，反对0票，弃权0票。根据《上市公司股权激励管理办法》及公司激励计划的相关规定，董事会认为本次激励计划规定的授予条件已经成就，同意以2020年2月28日为授予日，向符合条件的激励对象授予限制性股票。独立董事对本议案发表了同意的独立意见。具体内容详见同日刊登于《证券日报》及巨潮资讯网的相关公告。3、审议通过《关于公司向银行申请综合授信额度的议案》为满足公司生产经营和业务发展的需要，公司拟向相关银行申请综合授信额度，授信期限为一年，具体授信额度以银行最终审批为准。表决结果：同意9票，反对0票，弃权0票。4、审议通过《关于为子公司提供担保的议案》表决结果：同意9票，反对0票，弃权0票。本议案尚需提交公司股东大会审议。三、备查文件 1、公司第十一届董事会第十一次会议决议；2、独立董事关于相关事项的独立意见。特此公告。董事会 二〇二〇年二月二十九日 本公司及董事会全体成员保证信息披露的内容真实、准确、完整，没有虚假记载、误导性陈述或重大遗漏。一、董事会会议召开情况 公司第十一届董事会第十一次会议于2020年2月28日以通讯表决方式召开，会议通知于2020年2月24日以电子邮件方式送达全体董事。本次会议应参加表决董事9名，实际参加表决董事9名。会议的召集和召开符合《公司法》和《公司章程》的有关规定。二、董事会会议审议情况 1、审议通过《关于调整公司2019年限制性股票激励计划相关事项的议案》表决结果：同意9票，反对0票，弃权0票。2、审议通过《关于向激励对象授予限制性股票的议案》表决结果：同意9票，反对0票，弃权0票。根据《上市公司股权激励管理办法》及公司激励计划的相关规定，董事会认为本次激励计划规定的授予条件已经成就，同意以2020年2月28日为授予日，向符合条件的激励对象授予限制性股票。独立董事对本议案发表了同意的独立意见。具体内容详见同日刊登于《证券日报》及巨潮资讯网的相关公告。3、审议通过《关于公司向银行申请综合授信额度的议案》为满足公司生产经营和业务发展的需要，公司拟向相关银行申请综合授信额度，授信期限为一年，具体授信额度以银行最终审批为准。表决结果：同意9票，反对0票，弃权0票。4、审议通过《关于为子公司提供担保的议案》表决结果：同意9票，反对0票，弃权0票。本议案尚需提交公司股东大会审议。三、备查文件 1、公司第十一届董事会第十一次会议决议；2、独立董事关于相关事项的独立意见。特此公告。董事会 二〇二〇年二月二十九日 本公司及董事会全体成员保证信息披露的内容真实、准确、完整，没有虚假记载、误导性陈述或重大遗漏。一、董事会会议召开情况 公司第十一届董事会第十一次会议于2020年2月28日以通讯表决方式召开，会议通知于2020年2月24日以电子邮件方式送达全体董事。本次会议应参加表决董事9名，实际参加表决董事9名。会议的召集和召开符合《公司法》和《公司章程》的有关规定。二、董事会会议审议情况 1、审议通过《关于调整公司2019年限制性股票激励计划相关事项的议案》表决结果：同意9票，反对0票，弃权0票。2、审议通过《关于向激励对象授予限制性股票的议案》表决结果：同意9票，反对0票，弃权0票。根据《上市公司股权激励管理办法》及公司激励计划的相关规定，董事会认为本次激励计划规定的授予条件已经成就，同意以2020年2月28日为授予日，向符合条件的激励对象授予限制性股票。独立董事对本议案发表了同意的独立意见。具体内容详见同日刊登于《证券日报》及巨潮资讯网的相关公告。3、审议通过《关于公司向银行申请综合授信额度的议案》为满足公司生产经营和业务发展的需要，公司拟向相关银行申请综合授信额度，授信期限为一年，具体授信额度以银行最终审批为准。表决结果：同意9票，反对0票，弃权0票。4、审议通过《关于为子公司提供担保的议案》表决结果：同意9票，反对0票，弃权0票。本议案尚需提交公司股东大会审议。三、备查文件 1、公司第十一届董事会第十一次会议决议；2、独立董事关于相关事项的独立意见。特此公告。董事会 二〇二〇年二月二十九日 本公司及董事会全体成员保证信息披露的内容真实、准确、完整，没有虚假记载、误导性陈述或重大遗漏。一、董事会会议召开情况 公司第十一届董事会第十一次会议于2020年2月28日以通讯表决方式召开，会议通知于2020年2月24日以电子邮件方式送达全体董事。本次会议应参加表决董事9名，实际参加表决董事9名。会议的召集和召开符合《公司法》和《公司章程》的有关规定。二、董事会会议审议情况 1、审议通过《关于调整公司2019年限制性股票激励计划相关事项的议案》表决结果：同意9票，反对0票，弃权0票。2、审议通过《关于向激励对象授予限制性股票的议案》表决结果：同意9票，反对0票，弃权0票。根据《上市公司股权激励管理办法》及公司激励计划的相关规定，董事会认为本次激励计划规定的授予条件已经成就，同意以2020年2月28日为授予日，向符合条件的激励对象授予限制性股票。独立董事对本议案发表了同意的独立意见。具体内容详见同日刊登于《证券日报》及巨潮资讯网的相关公告。3、审议通过《关于公司向银行申请综合授信额度的议案》为满足公司生产经营和业务发展的需要，公司拟向相关银行申请综合授信额度，授信期限为一年，具体授信额度以银行最终审批为准。表决结果：同意9票，反对0票，弃权0票。4、审议通过《关于为子公司提供担保的议案》表决结果：同意9票，反对0票，弃权0票。本议案尚需提交公司股东大会审议。三、备查文件 1、公司第十一届董事会第十一次会议决议；2、独立董事关于相关事项的独立意见。特此公告。董事会 二〇二〇年二月二十九日 本公司及董事会全体成员保证信息披露的内容真实、准确、完整，没有虚假记载、误导性陈述或重大遗漏。一、董事会会议召开情况 公司第十一届董事会第十一次会议于2020年2月28日以通讯表决方式召开，会议通知于2020年2月24日以电子邮件方式送达全体董事。本次会议应参加表决董事9名，实际参加表决董事9名。会议的召集和召开符合《公司法》和《公司章程》的有关规定。二、董事会会议审议情况 1、审议通过《关于调整公司2019年限制性股票激励计划相关事项的议案》表决结果：同意9票，反对0票，弃权0票。2、审议通过《关于向激励对象授予限制性股票的议案》表决结果：同意9票，反对0票，弃权0票。根据《上市公司股权激励管理办法》及公司激励计划的相关规定，董事会认为本次激励计划规定的授予条件已经成就，同意以2020年2月28日为授予日，向符合条件的激励对象授予限制性股票。独立董事对本议案发表了同意的独立意见。具体内容详见同日刊登于《证券日报》及巨潮资讯网的相关公告。3、审议通过《关于公司向银行申请综合授信额度的议案》为满足公司生产经营和业务发展的需要，公司拟向相关银行申请综合授信额度，授信期限为一年，具体授信额度以银行最终审批为准。表决结果：同意9票，反对0票，弃权0票。4、审议通过《关于为子公司提供担保的议案》表决结果：同意9票，反对0票，弃权0票。本议案尚需提交公司股东大会审议。三、备查文件 1、公司第十一届董事会第十一次会议决议；2、独立董事关于相关事项的独立意见。特此公告。董事会 二〇二〇年二月二十九日 本公司及董事会全体成员保证信息披露的内容真实、准确、完整，没有虚假记载、误导性陈述或重大遗漏。一、董事会会议召开情况 公司第十一届董事会第十一次会议于2020年2月28日以通讯表决方式召开，会议通知于2020年2月24日以电子邮件方式送达全体董事。本次会议应参加表决董事9名，实际参加表决董事9名。会议的召集和召开符合《公司法》和《公司章程》的有关规定。二、董事会会议审议情况 1、审议通过《关于调整公司2019年限制性股票激励计划相关事项的议案》表决结果：同意9票，反对0票，弃权0票。2、审议通过《关于向激励对象授予限制性股票的议案》表决结果：同意9票，反对0票，弃权0票。根据《上市公司股权激励管理办法》及公司激励计划的相关规定，董事会认为本次激励计划规定的授予条件已经成就，同意以2020年2月28日为授予日，向符合条件的激励对象授予限制性股票。独立董事对本议案发表了同意的独立意见。具体内容详见同日刊登于《证券日报》及巨潮资讯网的相关公告。3、审议通过《关于公司向银行申请综合授信额度的议案》为满足公司生产经营和业务发展的需要，公司拟向相关银行申请综合授信额度，授信期限为一年，具体授信额度以银行最终审批为准。表决结果：同意9票，反对0票，弃权0票。4、审议通过《关于为子公司提供担保的议案》表决结果：同意9票，反对0票，弃权0票。本议案尚需提交公司股东大会审议。三、备查文件 1、公司第十一届董事会第十一次会议决议；2、独立董事关于相关事项的独立意见。特此公告。董事会 二〇二〇年二月二十九日 本公司及董事会全体成员保证信息披露的内容真实、准确、完整，没有虚假记载、误导性陈述或重大遗漏。一、董事会会议召开情况 公司第十一届董事会第十一次会议于2020年2月28日以通讯表决方式召开，会议通知于2020年2月24日以电子邮件方式送达全体董事。本次会议应参加表决董事9名，实际参加表决董事9名。会议的召集和召开符合《公司法》和《公司章程》的有关规定。二、董事会会议审议情况 1、审议通过《关于调整公司2019年限制性股票激励计划相关事项的议案》表决结果：同意9票，反对0票，弃权0票。2、审议通过《关于向激励对象授予限制性股票的议案》表决结果：同意9票，反对0票，弃权0票。根据《上市公司股权激励管理办法》及公司激励计划的相关规定，董事会认为本次激励计划规定的授予条件已经成就，同意以2020年2月28日为授予日，向符合条件的激励对象授予限制性股票。独立董事对本议案发表了同意的独立意见。具体内容详见同日刊登于《证券日报》及巨潮资讯网的相关公告。3、审议通过《关于公司向银行申请综合授信额度的议案》为满足公司生产经营和业务发展的需要，公司拟向相关银行申请综合授信额度，授信期限为一年，具体授信额度以银行最终审批为准。表决结果：同意9票，反对0票，弃权0票。4、审议通过《关于为子公司提供担保的议案》表决结果：同意9票，反对0票，弃权0票。本议案尚需提交公司股东大会审议。三、备查文件 1、公司第十一届董事会第十一次会议决议；2、独立董事关于相关事项的独立意见。特此公告。董事会 二〇二〇年二月二十九日 本公司及董事会全体成员保证信息披露的内容真实、准确、完整，没有虚假记载、误导性陈述或重大遗漏。一、董事会会议召开情况 公司第十一届董事会第十一次会议于2020年2月28日以通讯表决方式召开，会议通知于2020年2月24日以电子邮件方式送达全体董事。本次会议应参加表决董事9名，实际参加表决董事9名。会议的召集和召开符合《公司法》和《公司章程》的有关规定。二、董事会会议审议情况 1、审议通过《关于调整公司2019年限制性股票激励计划相关事项的议案》表决结果：同意9票，反对0票，弃权0票。2、审议通过《关于向激励对象授予限制性股票的议案》表决结果：同意9票，反对0票，弃权0票。根据《上市公司股权激励管理办法》及公司激励计划的相关规定，董事会认为本次激励计划规定的授予条件已经成就，同意以2020年2月28日为授予日，向符合条件的激励对象授予限制性股票。独立董事对本议案发表了同意的独立意见。具体内容详见同日刊登于《证券日报》及巨潮资讯网的相关公告。3、审议通过《关于公司向银行申请综合授信额度的议案》为满足公司生产经营和业务发展的需要，公司拟向相关银行申请综合授信额度，授信期限为一年，具体授信额度以银行最终审批为准。表决结果：同意9票，反对0票，弃权0票。4、审议通过《关于为子公司提供担保的议案》表决结果：同意9票，反对0票，弃权0票。本议案尚需提交公司股东大会审议。三、备查文件 1、公司第十一届董事会第十一次会议决议；2、独立董事关于相关事项的独立意见。特此公告。董事会 二〇二〇年二月二十九日 本公司及董事会全体成员保证信息披露的内容真实、准确、完整，没有虚假记载、误导性陈述或重大遗漏。一、董事会会议召开情况 公司第十一届董事会第十一次会议于2020年2月28日以通讯表决方式召开，会议通知于2020年2月24日以电子邮件方式送达全体董事。本次会议应参加表决董事9名，实际参加表决董事9名。会议的召集和召开符合《公司法》和《公司章程》的有关规定。二、董事会会议审议情况 1、审议通过《关于调整公司2019年限制性股票激励计划相关事项的议案》表决结果：同意9票，反对0票，弃权0票。2、审议通过《关于向激励对象授予限制性股票的议案》表决结果：同意9票，反对0票，弃权0票。根据《上市公司股权激励管理办法》及公司激励计划的相关规定，董事会认为本次激励计划规定的授予条件已经成就，同意以2020年2月28日为授予日，向符合条件的激励对象授予限制性股票。独立董事对本议案发表了同意的独立意见。具体内容详见同日刊登于《证券日报》及巨潮资讯网的相关公告。3、审议通过《关于公司向银行申请综合授信额度的议案》为满足公司生产经营和业务发展的需要，公司拟向相关银行申请综合授信额度，授信期限为一年，具体授信额度以银行最终审批为准。表决结果：同意9票，反对0票，弃权0票。4、审议通过《关于为子公司提供担保的议案》表决结果：同意9票，反对0票，弃权0票。本议案尚需提交公司股东大会审议。三、备查文件 1、公司第十一届董事会第十一次会议决议；2、独立董事关于相关事项的独立意见。特此公告。董事会 二〇二〇年二月二十九日 本公司及董事会全体成员保证信息披露的内容真实、准确、完整，没有虚假记载、误导性陈述或重大遗漏。一、董事会会议召开情况 公司第十一届董事会第十一次会议于2020年2月28日以通讯表决方式召开，会议通知于2020年2月24日以电子邮件方式送达全体董事。本次会议应参加表决董事9名，实际参加表决董事9名。会议的召集和召开符合《公司法》和《公司章程》的有关规定。二、董事会会议审议情况 1、审议通过《关于调整公司2019年限制性股票激励计划相关事项的议案》表决结果：同意9票，反对0票，弃权0票。2、审议通过《关于向激励对象授予限制性股票的议案》表决结果：同意9票，反对0票，弃权0票。根据《上市公司股权激励管理办法》及公司激励计划的相关规定，董事会认为本次激励计划规定的授予条件已经成就，同意以2020年2月28日为授予日，向符合条件的激励对象授予限制性股票。独立董事对本议案发表了同意的独立意见。具体内容详见同日刊登于《证券日报》及巨潮资讯网的相关公告。3、审议通过《关于公司向银行申请综合授信额度的议案》为满足公司生产经营和业务发展的需要，公司拟向相关银行申请综合授信额度，授信期限为一年，具体授信额度以银行最终审批为准。表决结果：同意9票，反对0票，弃权0票。4、审议通过《关于为子公司提供担保的议案》表决结果：同意9票，反对0票，弃权0票。本议案尚需提交公司股东大会审议。三、备查文件 1、公司第十一届董事会第十一次会议决议；2、独立董事关于相关事项的独立意见。特此公告。董事会 二〇二〇年二月二十九日 本公司及董事会全体成员保证信息披露的内容真实、准确、完整，没有虚假记载、误导性陈述或重大遗漏。一、董事会会议召开情况 公司第十一届董事会第十一次会议于2020年2月28日以通讯表决方式召开，会议通知于2020年2月24日以电子邮件方式送达全体董事。本次会议应参加表决董事9名，实际参加表决董事9名。会议的召集和召开符合《公司法》和《公司章程》的有关规定。二、董事会会议审议情况 1、审议通过《关于调整公司2019年限制性股票激励计划相关事项的议案》表决结果：同意9票，反对0票，弃权0票。2、审议通过《关于向激励对象授予限制性股票的议案》表决结果：同意9票，反对0票，弃权0票。根据《上市公司股权激励管理办法》及公司激励计划的相关规定，董事会认为本次激励计划规定的授予条件已经成就，同意以2020年2月28日为授予日，向符合条件的激励对象授予限制性股票。独立董事对本议案发表了同意的独立意见。具体内容详见同日刊登于《证券日报》及巨潮资讯网的相关公告。3、审议通过《关于公司向银行申请综合授信额度的议案》为满足公司生产经营和业务发展的需要，公司拟向相关银行申请综合授信额度，授信期限为一年，具体授信额度以银行最终审批为准。表决结果：同意9票，反对0票，弃权0票。4、审议通过《关于为子公司提供担保的议案》表决结果：同意9票，反对0票，弃权0票。本议案尚需提交公司股东大会审议。三、备查文件 1、公司第十一届董事会第十一次会议决议；2、
本公司及董事会全体成员保证信息披露的内容真实、准确、完整，没有虚假记载、误导性陈述或重大遗漏。一、董事会会议召开情况 公司第十一届董事会第十一次会议于2020年2月28日以通讯表决方式召开，会议通知于2020年2月24日以电子邮件方式送达全体董事。本次会议应参加表决董事9名，实际参加表决董事9名。会议的召集和召开符合《公司法》和《公司章程》的有关规定。二、董事会会议审议情况 1、审议通过《关于调整公司2019年限制性股票激励计划相关事项的议案》表决结果：同意9票，反对0票，弃权0票。2、审议通过《关于向激励对象授予限制性股票的议案》表决结果：同意9票，反对0票，弃权0票。根据《上市公司股权激励管理办法》及公司激励计划的相关规定，董事会认为本次激励计划规定的授予条件已经成就，同意以2020年2月28日为授予日，向符合条件的激励对象授予限制性股票。独立董事对本议案发表了同意的独立意见。具体内容详见同日刊登于《证券日报》及巨潮资讯网的相关公告。3、审议通过《关于公司向银行申请综合授信额度的议案》为满足公司生产经营和业务发展的需要，公司拟向相关银行申请综合授信额度，授信期限为一年，具体授信额度以银行最终审批为准。表决结果：同意9票，反对0票，弃权0票。4、审议通过《关于为子公司提供担保的议案》表决结果：同意9票，反对0票，弃权0票。本议案尚需提交公司股东大会审议。三、备查文件 1、公司第十一届董事会第十一次会议决议；2、独立董事关于相关事项的独立意见。特此公告。董事会 二〇二〇年二月二十九日 本公司及董事会全体成员保证信息披露的内容真实、准确、完整，没有虚假记载、误导性陈述或重大遗漏。一、董事会会议召开情况 公司第十一届董事会第十一次会议于2020年2月28日以通讯表决方式召开，会议通知于2020年2月24日以电子邮件方式送达全体董事。本次会议应参加表决董事9名，实际参加表决董事9名。会议的召集和召开符合《公司法》和《公司章程》的有关规定。二、董事会会议审议情况 1、审议通过《关于调整公司2019年限制性股票激励计划相关事项的议案》表决结果：同意9票，反对0票，弃权0票。2、审议通过《关于向激励对象授予限制性股票的议案》表决
证券代码：00**** 证券简称：***** 公告编号：2020-0**
浙江***股份有限公司
第十届监事会第九次会议决议公告
本公司及董事会全体成员保证信息披露的内容真实、准确、完整，没有虚假记载、误导性陈述或重大遗漏。一、董事会会议召开情况 公司第十一届董事会第十一次会议于2020年2月28日以通讯表决方式召开，会议通知于2020年2月24日以电子邮件方式送达全体董事。本次会议应参加表决董事9名，实际参加表决董事9名。会议的召集和召开符合《公司法》和《公司章程》的有关规定。二、董事会会议审议情况 1、审议通过《关于调整公司2019年限制性股票激励计划相关事项的议案》表决结果：同意9票，反对0票，弃权0票。2、审议通过《关于向激励对象授予限制性股票的议案》表决结果：同意9票，反对0票，弃权0票。根据《上市公司股权激励管理办法》及公司激励计划的相关规定，董事会认为本次激励计划规定的授予条件已经成就，同意以2020年2月28日为授予日，向符合条件的激励对象授予限制性股票。独立董事对本议案发表了同意的独立意见。具体内容详见同日刊登于《证券日报》及巨潮资讯网的相关公告。3、审议通过《关于公司向银行申请综合授信额度的议案》为满足公司生产经营和业务发展的需要，公司拟向相关银行申请综合授信额度，授信期限为一年，具体授信额度以银行最终审批为准。表决结果：同意9票，反对0票，弃权0票。4、审议通过《关于为子公司提供担保的议案》表决结果：同意9票，反对0票，弃权0票。本议案尚需提交公司股东大会审议。三、备查文件 1、公司第十一届董事会第十一次会议决议；2、独立董事关于相关事项的独立意见。特此公告。董事会 二〇二〇年二月二十九日 本公司及董事会全体成员保证信息披露的内容真实、准确、完整，没有虚假记载、误导性陈述或重大遗漏。一、董事会会议召开情况 公司第十一届董事会第十一次会议于2020年2月28日以通讯表决方式召开，会议通知于2020年2月24日以电子邮件方式送达全体董事。本次会议应参加表决董事9名，实际参加表决董事9名。会议的召集和召开符合《公司法》和《公司章程》的有关规定。二、董事会会议审议情况 1、审议通过《关于调整公司2019年限制性股票激励计划相关事项的议案》表决结果：同意9票，反对0票，弃权0票。2、审议通过《关于向激励对象授予限制性股票的议案》表决结果：同意9票，反对0票，弃权0票。根据《上市公司股权激励管理办法》及公司激励计划的相关规定，董事会认为本次激励计划规定的授予条件已经成就，同意以2020年2月28日为授予日，向符合条件的激励对象授予限制性股票。独立董事对本议案发表了同意的独立意见。具体内容详见同日刊登于《证券日报》及巨潮资讯网的相关公告。3、审议通过《关于公司向银行申请综合授信额度的议案》为满足公司生产经营和业务发展的需要，公司拟向相关银行申请综合授信额度，授信期限为一年，具体授信额度以银行最终审批为准。表决结果：同意9票，反对0票，弃权0票。4、审议通过《关于为子公司提供担保的议案》表决结果：同意9票，反对0票，弃权0票。本议案尚需提交公司股东大会审议。三、备查文件 1、公司第十一届董事会第十一次会议决议；2、独立董事关于相关事项的独立意见。特此公告。董事会 二〇二〇年二月二十九日 本公司及董事会全体成员保证信息披露的内容真实、准确、完整，没有虚假记载、误导性陈述或重大遗漏。一、董事会会议召开情况 公司第十一届董事会第十一次会议于2020年2月28日以通讯表决方式召开，会议通知于2020年2月24日以电子邮件方式送达全体董事。本次会议应参加表决董事9名，实际参加表决董事9名。会议的召集和召开符合《公司法》和《公司章程》的有关规定。二、董事会会议审议情况 1、审议通过《关于调整公司2019年限制性股票激励计划相关事项的议案》表决结果：同意9票，反对0票，弃权0票。2、审议通过《关于向激励对象授予限制性股票的议案》表决结果：同意9票，反对0票，弃权0票。根据《上市公司股权激励管理办法》及公司激励计划的相关规定，董事会认为本次激励计划规定的授予条件已经成就，同意以2020年2月28日为授予日，向符合条件的激励对象授予限制性股票。独立董事对本议案发表了同意的独立意见。具体内容详见同日刊登于《证券日报》及巨潮资讯网的相关公告。3、审议通过《关于公司向银行申请综合授信额度的议案》为满足公司生产经营和业务发展的需要，公司拟向相关银行申请综合授信额度，授信期限为一年，具体授信额度以银行最终审批为准。表决结果：同意9票，反对0票，弃权0票。4、审议通过《关于为子公司提供担保的议案》表决结果：同意9票，反对0票，弃权0票。本议案尚需提交公司股东大会审议。三、备查文件 1、公司第十一届董事会第十一次会议决议；2、独立董事关于相关事项的独立意见。特此公告。董事会 二〇二〇年二月二十九日 本公司及董事会全体成员保证信息披露的内容真实、准确、完整，没有虚假记载、误导性陈述或重大遗漏。一、董事会会议召开情况 公司第十一届董事会第十一次会议于2020年2月28日以通讯表决方式召开，会议通知于2020年2月24日以电子邮件方式送达全体董事。本次会议应参加表决董事9名，实际参加表决董事9名。会议的召集和召开符合《公司法》和《公司章程》的有关规定。二、董事会会议审议情况 1、审议通过《关于调整公司2019年限制性股票激励计划相关事项的议案》表决结果：同意9票，反对0票，弃权0票。2、审议通过《关于向激励对象授予限制性股票的议案》表决结果：同意9票，反对0票，弃权0票。根据《上市公司股权激励管理办法》及公司激励计划的相关规定，董事会认为本次激励计划规定的授予条件已经成就，同意以2020年2月28日为授予日，向符合条件的激励对象授予限制性股票。独立董事对本议案发表了同意的独立意见。具体内容详见同日刊登于《证券日报》及巨潮资讯网的相关公告。3、审议通过《关于公司向银行申请综合授信额度的议案》为满足公司生产经营和业务发展的需要，公司拟向相关银行申请综合授信额度，授信期限为一年，具体授信额度以银行最终审批为准。表决结果：同意9票，反对0票，弃权0票。4、审议通过《关于为子公司提供担保的议案》表决结果：同意9票，反对0票，弃权0票。本议案尚需提交公司股东大会审议。三、备查文件 1、公司第十一届董事会第十一次会议决议；2、独立董事关于相关事项的独立意见。特此公告。董事会 二〇二〇年二月二十九日 本公司及董事会全体成员保证信息披露的内容真实、准确、完整，没有虚假记载、误导性陈述或重大遗漏。一、董事会会议召开情况 公司第十一届董事会第十一次会议于2020年2月28日以通讯表决方式召开，会议通知于2020年2月24日以电子邮件方式送达全体董事。本次会议应参加表决董事9名，实际参加表决董事9名。会议的召集和召开符合《公司法》和《公司章程》的有关规定。二、董事会会议审议情况 1、审议通过《关于调整公司2019年限制性股票激励计划相关事项的议案》表决结果：同意9票，反对0票，弃权0票。2、审议通过《关于向激励对象授予限制性股票的议案》表决结果：同意9票，反对0票，弃权0票。根据《上市公司股权激励管理办法》及公司激励计划的相关规定，董事会认为本次激励计划规定的授予条件已经成就，同意以2020年2月28日为授予日，向符合条件的激励对象授予限制性股票。独立董事对本议案发表了同意的独立意见。具体内容详见同日刊登于《证券日报》及巨潮资讯网的相关公告。3、审议通过《关于公司向银行申请综合授信额度的议案》为满足公司生产经营和业务发展的需要，公司拟向相关银行申请综合授信额度，授信期限为一年，具体授信额度以银行最终审批为准。表决结果：同意9票，反对0票，弃权0票。4、审议通过《关于为子公司提供担保的议案》表决结果：同意9票，反对0票，弃权0票。本议案尚需提交公司股东大会审议。三、备查文件 1、公司第十一届董事会第十一次会议决议；2、独立董事关于相关事项的独立意见。特此公告。董事会 二〇二〇年二月二十九日 本公司及董事会全体成员保证信息披露的内容真实、准确、完整，没有虚假记载、误导性陈述或重大遗漏。一、董事会会议召开情况 公司第十一届董事会第十一次会议于2020年2月28日以通讯表决方式召开，

本公司及董事会全体成员保证信息披露的内容真实、准确、完整，没有虚假记载、误导性陈述或重大遗漏。一、董事会会议召开情况 公司第十一届董事会第十一次会议于2020年2月28日以通讯表决方式召开，会议通知于2020年2月24日以电子邮件方式送达全体董事。本次会议应参加表决董事9名，实际参加表决董事9名。会议的召集和召开符合《公司法》和《公司章程》的有关规定。二、董事会会议审议情况 1、审议通过《关于调整公司2019年限制性股票激励计划相关事项的议案》表决结果：同意9票，反对0票，弃权0票。2、审议通过《关于向激励对象授予限制性股票的议案》表决结果：同意9票，反对0票，弃权0票。根据《上市公司股权激励管理办法》及公司激励计划的相关规定，董事会认为本次激励计划规定的授予条件已经成就，同意以2020年2月28日为授予日，向符合条件的激励对象授予限制性股票。独立董事对本议案发表了同意的独立意见。具体内容详见同日刊登于《证券日报》及巨潮资讯网的相关公告。3、审议通过《关于公司向银行申请综合授信额度的议案》为满足公司生产经营和业务发展的需要，公司拟向相关银行申请综合授信额度，授信期限为一年，具体授信额度以银行最终审批为准。表决结果：同意9票，反对0票，弃权0票。4、审议通过《关于为子公司提供担保的议案》表决结果：同意9票，反对0票，弃权0票。本议案尚需提交公司股东大会审议。三、备查文件 1、公司第十一届董事会第十一次会议决议；2、独立董事关于相关事项的独立意见。特此公告。董事会 二〇二〇年二月二十九日 本公司及董事会全体成员保证信息披露的内容真实、准确、完整，没有虚假记载、误导性陈述或重大遗漏。一、董事会会议召开情况 公司第十一届董事会第十一次会议于2020年2月28日以通讯表决方式召开，会议通知于2020年2月24日以电子邮件方式送达全体董事。本次会议应参加表决董事9名，实际参加表决董事9名。会议的召集和召开符合《公司法》和《公司章程》的有关规定。二、董事会会议审议情况 1、审议通过《关于调整公司2019年限制性股票激励计划相关事项的议案》表决结果：同意9票，反对0票，弃权0票。2、审议通过《关于向激励对象授予限制性股票的议案》表决结果：同意9票，反对0票，弃权0票。根据《上市公司股权激励管理办法》及公司激励计划的相关规定，董事会认为本次激励计划规定的授予条件已经成就，同意以2020年2月28日为授予日，向符合条件的激励对象授予限制性股票。独立董事对本议案发表了同意的独立意见。具体内容详见同日刊登于《证券日报》及巨潮资讯网的相关公告。3、审议通过《关于公司向银行申请综合授信额度的议案》为满足公司生产经营和业务发展的需要，公司拟向相关银行申请综合授信额度，授信期限为一年，具体授信额度以银行最终审批为准。表决结果：同意9票，反对0票，弃权0票。4、审议通过《关于为子公司提供担保的议案》表决结果：同意9票，反对0票，弃权0票。本议案尚需提交公司股东大会审议。三、备查文件 1、公司第十一届董事会第十一次会议决议；2、独立董事关于相关事项的独立意见。特此公告。董事会 二〇二〇年二月二十九日 本公司及董事会全体成员保证信息披露的内容真实、准确、完整，没有虚假记载、误导性陈述或重大遗漏。一、董事会会议召开情况 公司第十一届董事会第十一次会议于2020年2月28日以通讯表决方式召开，会议通知于2020年2月24日以电子邮件方式送达全体董事。本次会议应参加表决董事9名，实际参加表决董事9名。会议的召集和召开符合《公司法》和《公司章程》的有关规定。二、董事会会议审议情况 1、审议通过《关于调整公司2019年限制性股票激励计划相关事项的议案》表决结果：同意9票，反对0票，弃权0票。2、审议通过《关于向激励对象授予限制性股票的议案》表决结果：同意9票，反对0票，弃权0票。根据《上市公司股权激励管理办法》及公司激励计划的相关规定，董事会认为本次激励计划规定的授予条件已经成就，同意以2020年2月28日为授予日，向符合条件的激励对象授予限制性股票。独立董事对本议案发表了同意的独立意见。具体内容详见同日刊登于《证券日报》及巨潮资讯网的相关公告。3、审议通过《关于公司向银行申请综合授信额度的议案》为满足公司生产经营和业务发展的需要，公司拟向相关银行申请综合授信额度，授信期限为一年，具体授信额度以银行最终审批为准。表决结果：同意9票，反对0票，弃权0票。4、审议通过《关于为子公司提供担保的议案》表决结果：同意9票，反对0票，弃权0票。本议案尚需提交公司股东大会审议。三、备查文件 1、公司第十一届董事会第十一次会议决议；2、独立董事关于相关事项的独立意见。特此公告。董事会 二〇二〇年二月二十九日 本公司及董事会全体成员保证信息披露的内容真实、准确、完整，没有虚假记载、误导性陈述或重大遗漏。一、董事会会议召开情况 公司第十一届董事会第十一次会议于2020年2月28日以通讯表决方式召开，会议通知于2020年2月24日以电子邮件方式送达全体董事。本次会议应参加表决董事9名，实际参加表决董事9名。会议的召集和召开符合《公司法》和《公司章程》的有关规定。二、董事会会议审议情况 1、审议通过《关于调整公司2019年限制性股票激励计划相关事项的议案》表决结果：同意9票，反对0票，弃权0票。2、审议通过《关于向激励对象授予限制性股票的议案》表决结果：同意9票，反对0票，弃权0票。根据《上市公司股权激励管理办法》及公司激励计划的相关规定，董事会认为本次激励计划规定的授予条件已经成就，同意以2020年2月28日为授予日，向符合条件的激励对象授予限制性股票。独立董事对本议案发表了同意的独立意见。具体内容详见同日刊登于《证券日报》及巨潮资讯网的相关公告。3、审议通过《关于公司向银行申请综合授信额度的议案》为满足公司生产经营和业务发展的需要，公司拟向相关银行申请综合授信额度，授信期限为一年，具体授信额度以银行最终审批为准。表决结果：同意9票，反对0票，弃权0票。4、审议通过《关于为子公司提供担保的议案》表决结果：同意9票，反对0票，弃权0票。本议案尚需提交公司股东大会审议。三、备查文件 1、公司第十一届董事会第十一次会议决议；2、独立董事关于相关事项的独立意见。特此公告。董事会 二〇二〇年二月二十九日 本公司及董事会全体成员保证信息披露的内容真实、准确、完整，没有虚假记载、误导性陈述或重大遗漏。一、董事会会议召开情况 公司第十一届董事会第十一次会议于2020年2月28日以通讯表决方式召开，会议通知于2020年2月24日以电子邮件方式送达全体董事。本次会议应参加表决董事9名，实际参加表决董事9名。会议的召集和召开符合《公司法》和《公司章程》的有关规定。二、董事会会议审议情况 1、审议通过《关于调整公司2019年限制性股票激励计划相关事项的议案》表决结果：同意9票，反对0票，弃权0票。2、审议通过《关于向激励对象授予限制性股票的议案》表决结果：同意9票，反对0票，弃权0票。根据《上市公司股权激励管理办法》及公司激励计划的相关规定，董事会认为本次激励计划规定的授予条件已经成就，同意以2020年2月28日为授予日，向符合条件的激励对象授予限制性股票。独立董事对本议案发表了同意的独立意见。具体内容详见同日刊登于《证券日报》及巨潮资讯网的相关公告。3、审议通过《关于公司向银行申请综合授信额度的议案》为满足公司生产经营和业务发展的需要，公司拟向相关银行申请综合授信额度，授信期限为一年，具体授信额度以银行最终审批为准。表决结果：同意9票，反对0票，弃权0票。4、审议通过《关于为子公司提供担保的议案》表决结果：同意9票，反对0票，弃权0票。本议案尚需提交公司股东大会审议。三、备查文件 1、公司第十一届董事会第十一次会议决议；2、独立董事关于相关事项的独立意见。特此公告。董事会 二〇二〇年二月二十九日 本公司及董事会全体成员保证信息披露的内容真实、准确、完整，没有虚假记载、误导性陈述或重大遗漏。一、董事会会议召开情况 公司第十一届董事会第十一次会议于2020年2月28日以通讯表决方式召开，会议通知于2020年2月24日以电子邮件方式送达全体董事。本次会议应参加表决董事9名，实际参加表决董事9名。会议的召集和召开符合《公司法》和《公司章程》的有关规定。二、董事会会议审议情况 1、审议通过《关于调整公司2019年限制性股票激励计划相关事项的议案》表决结果：同意9票，反对0票，弃权0票。2、审议通过《关于向激励对象授予限制性股票的议案》表决结果：同意9票，反对0票，弃权0票。根据《上市公司股权激励管理办法》及公司激励计划的相关规定，董事会认为本次激励计划规定的授予条件已经成就，同意以2020年2月28日为授予日，向符合条件的激励对象授予限制性股票。独立董事对本议案发表了同意的独立意见。具体内容详见同日刊登于《证券日报》及巨潮资讯网的相关公告。3、审议通过《关于公司向银行申请综合授信额度的议案》为满足公司生产经营和业务发展的需要，公司拟向相关银行申请综合授信额度，授信期限为一年，具体授信额度以银行最终审批为准。表决结果：同意9票，反对0票，弃权0票。4、审议通过《关于为子公司提供担保的议案》表决结果：同意9票，反对0票，弃权0票。本议案尚需提交公司股东大会审议。三、备查文件 1、公司第十一届董事会第十一次会议决议；2、独立董事关于相关事项的独立意见。特此公告。董事会 二〇二〇年二月二十九日 本公司及董事会全体成员保证信息披露的内容真实、准确、完整，没有虚假记载、误导性陈述或重大遗漏。一、董事会会议召开情况 公司第十一届董事会第十一次会议于2020年2月28日以通讯表决方式召开，会议通知于2020年2月24日以电子邮件方式送达全体董事。本次会议应参加表决董事9名，实际参加表决董事9名。会议的召集和召开符合《公司法》和《公司章程》的有关规定。二、董事会会议审议情况 1、审议通过《关于调整公司2019年限制性股票激励计划相关事项的议案》表决结果：同意9票，反对0票，弃权0票。2、审议通过《关于向激励对象授予限制性股票的议案》表决结果：同意9票，反对0票，弃权0票。根据《上市公司股权激励管理办法》及公司激励计划的相关规定，董事会认为本次激励计划规定的授予条件已经成就，同意以2020年2月28日为授予日，向符合条件的激励对象授予限制性股票。独立董事对本议案发表了同意的独立意见。具体内容详见同日刊登于《证券日报》及巨潮资讯网的相关公告。3、审议通过《关于公司向银行申请综合授信额度的议案》为满足公司生产经营和业务发展的需要，公司拟向相关银行申请综合授信额度，授信期限为一年，具体授信额度以银行最终审批为准。表决结果：同意9票，反对0票，弃权0票。4、审议通过《关于为子公司提供担保的议案》表决结果：同意9票，反对0票，弃权0票。本议案尚需提交公司股东大会审议。三、备查文件 1、公司第十一届董事会第十一次会议决议；2、独立董事关于相关事项的独立意见。特此公告。董事会 二〇二〇年二月二十九日 本公司及董事会全体成员保证信息披露的内容真实、准确、完整，没有虚假记载、误导性陈述或重大遗漏。一、董事会会议召开情况 公司第十一届董事会第十一次会议于2020年2月28日以通讯表决方式召开，会议通知于2020年2月24日以电子邮件方式送达全体董事。本次会议应参加表决董事9名，实际参加表决董事9名。会议的召集和召开符合《公司法》和《公司章程》的有关规定。二、董事会会议审议情况 1、审议通过《关于调整公司2019年限制性股票激励计划相关事项的议案》表决结果：同意9票，反对0票，弃权0票。2、审议通过《关于向激励对象授予限制性股票的议案》表决结果：同意9票，反对0票，弃权0票。根据《上市公司股权激励管理办法》及公司激励计划的相关规定，董事会认为本次激励计划规定的授予条件已经成就，同意以2020年2月28日为授予日，向符合条件的激励对象授予限制性股票。独立董事对本议案发表了同意的独立意见。具体内容详见同日刊登于《证券日报》及巨潮资讯网的相关公告。3、审议通过《关于公司向银行申请综合授信额度的议案》为满足公司生产经营和业务发展的需要，公司拟向相关银行申请综合授信额度，授信期限为一年，具体授信额度以银行最终审批为准。表决结果：同意9票，反对0票，弃权0票。4、审议通过《关于为子公司提供担保的议案》表决结果：同意9票，反对0票，弃权0票。本议案尚需提交公司股东大会审议。三、备查文件 1、公司第十一届董事会第十一次会议决议；2、独立董事关于相关事项的独立意见。特此公告。董事会 二〇二〇年二月二十九日 本公司及董事会全体成员保证信息披露的内容真实、准确、完整，没有虚假记载、误导性陈述或重大遗漏。一、董事会会议召开情况 公司第十一届董事会第十一次会议于2020年2月28日以通讯表决方式召开，会议通知于2020年2月24日以电子邮件方式送达全体董事。本次会议应参加表决董事9名，实际参加表决董事9名。会议的召集和召开符合《公司法》和《公司章程》的有关规定。二、董事会会议审议情况 1、审议通过《关于调整公司2019年限制性股票激励计划相关事项的议案》表决结果：同意9票，反对0票，弃权0票。2、审议通过《关于向激励对象授予限制性股票的议案》表决结果：同意9票，反对0票，弃权0票。根据《上市公司股权激励管理办法》及公司激励计划的相关规定，董事会认为本次激励计划规定的授予条件已经成就，同意以2020年2月28日为授予日，向符合条件的激励对象授予限制性股票。独立董事对本议案发表了同意的独立意见。具体内容详见同日刊登于《证券日报》及巨潮资讯网的相关公告。3、审议通过《关于公司向银行申请综合授信额度的议案》为满足公司生产经营和业务发展的需要，公司拟向相关银行申请综合授信额度，授信期限为一年，具体授信额度以银行最终审批为准。表决结果：同意9票，反对0票，弃权0票。4、审议通过《关于为子公司提供担保的议案》表决结果：同意9票，反对0票，弃权0票。本议案尚需提交公司股东大会审议。三、备查文件 1、公司第十一届董事会第十一次会议决议；2、独立董事关于相关事项的独立意见。特此公告。董事会 二〇二〇年二月二十九日 本公司及董事会全体成员保证信息披露的内容真实、准确、完整，没有虚假记载、误导性陈述或重大遗漏。一、董事会会议召开情况 公司第十一届董事会第十一次会议于2020年2月28日以通讯表决方式召开，会议通知于2020年2月24日以电子邮件方式送达全体董事。本次会议应参加表决董事9名，实际参加表决董事9名。会议的召集和召开符合《公司法》和《公司章程》的有关规定。二、董事会会议审议情况 1、审议通过《关于调整公司2019年限制性股票激励计划相关事项的议案》表决结果：同意9票，反对0票，弃权0票。2、审议通过《关于向激励对象授予限制性股票的议案》表决结果：同意9票，反对0票，弃权0票。根据《上市公司股权激励管理办法》及公司激励计划的相关规定，董事会认为本次激励计划规定的授予条件已经成就，同意以2020年2月28日为授予日，向符合条件的激励对象授予限制性股票。独立董事对本议案发表了同意的独立意见。具体内容详见同日刊登于《证券日报》及巨潮资讯网的相关公告。3、审议通过《关于公司向银行申请综合授信额度的议案》为满足公司生产经营和业务发展的需要，公司拟向相关银行申请综合授信额度，授信期限为一年，具体授信额度以银行最终审批为准。表决结果：同意9票，反对0票，弃权0票。4、审议通过《关于为子公司提供担保的议案》表决结果：同意9票，反对0票，弃权0票。本议案尚需提交公司股东大会审议。三、备查文件 1、公司第十一届董事会第十一次会议决议；2、独立董事关于相关事项的独立意见。特此公告。董事会 二〇二〇年二月二十九日 本公司及董事会全体成员保证信息披露的内容真实、准确、完整，没有虚假记载、误导性陈述或重大遗漏。一、董事会会议召开情况 公司第十一届董事会第十一次会议于2020年2月28日以通讯表决方式召开，会议通知于2020年2月24日以电子邮件方式送达全体董事。本次会议应参加表决董事9名，实际参加表决董事9名。会议的召集和召开符合《公司法》和《公司章程》的有关规定。二、董事会会议审议情况 1、审议通过《关于调整公司2019年限制性股票激励计划相关事项的议案》表决结果：同意9票，反对0票，弃权0票。2、审议通过《关于向激励对象授予限制性股票的议案》表决结果：同意9票，反对0票，弃权0票。根据《上市公司股权激励管理办法》及公司激励计划的相关规定，董事会认为本次激励计划规定的授予条件已经成就，同意以2020年2月28日为授予日，向符合条件的激励对象授予限制性股票。独立董事对本议案发表了同意的独立意见。具体内容详见同日刊登于《证券日报》及巨潮资讯网的相关公告。3、审议通过《关于公司向银行申请综合授信额度的议案》为满足公司生产经营和业务发展的需要，公司拟向相关银行申请综合授信额度，授信期限为一年，具体授信额度以银行最终审批为准。表决结果：同意9票，反对0票，弃权0票。4、审议通过《关于为子公司提供担保的议案》表决结果：同意9票，反对0票，弃权0票。本议案尚需提交公司股东大会审议。三、备查文件 1、公司第十一届董事会第十一次会议决议；2、独立董事关于相关事项的独立意见。特此公告。董事会 二〇二〇年二月二十九日 本公司及董事会全体成员保证信息披露的内容真实、准确、完整，没有虚假记载、误导性陈述或重大遗漏。一、董事会会议召开情况 公司第十一届董事会第十一次会议于2020年2月28日以通讯表决方式召开，会议通知于2020年2月24日以电子邮件方式送达全体董事。本次会议应参加表决董事9名，实际参加表决董事9名。会议的召集和召开符合《公司法》和《公司章程》的有关规定。二、董事会会议审议情况 1、审议通过《关于调整公司2019年限制性股票激励计划相关事项的议案》表决结果：同意9票，反对0票，弃权0票。2、审议通过《关于向激励对象授予限制性股票的议案》表决结果：同意9票，反对0票，弃权0票。根据《上市公司股权激励管理办法》及公司激励计划的相关规定，董事会认为本次激励计划规定的授予条件已经成就，同意以2020年2月28日为授予日，向符合条件的激励对象授予限制性股票。独立董事对本议案发表了同意的独立意见。具体内容详见同日刊登于《证券日报》及巨潮资讯网的相关公告。3、审议通过《关于公司向银行申请综合授信额度的议案》为满足公司生产经营和业务发展的需要，公司拟向相关银行申请综合授信额度，授信期限为一年，具体授信额度以银行最终审批为准。表决结果：同意9票，反对0票，弃权0票。4、审议通过《关于为子公司提供担保的议案》表决结果：同意9票，反对0票，弃权0票。本议案尚需提交公司股东大会审议。三、备查文件 1、公司第十一届董事会第十一次会议决议；2、独立董事关于相关事项的独立意见。特此公告。董事会 二〇二〇年二月二十九日 本公司及董事会全体成员保证信息披露的内容真实、准确、完整，没有虚假记载、误导性陈述或重大遗漏。一、董事会会议召开情况 公司第十一届董事会第十一次会议于2020年2月28日以通讯表决方式召开，会议通知于2020年2月24日以电子邮件方式送达全体董事。本次会议应参加表决董事9名，实际参加表决

本公司及董事会全体成员保证信息披露的内容真实、准确、完整，没有虚假记载、误导性陈述或重大遗漏。一、董事会会议召开情况 公司第十一届董事会第十一次会议于2020年2月28日以通讯表决方式召开，会议通知于2020年2月24日以电子邮件方式送达全体董事。本次会议应参加表决董事9名，实际参加表决董事9名。会议的召集和召开符合《公司法》和《公司章程》的有关规定。二、董事会会议审议情况 1、审议通过《关于调整公司2019年限制性股票激励计划相关事项的议案》表决结果：同意9票，反对0票，弃权0票。2、审议通过《关于向激励对象授予限制性股票的议案》表决结果：同意9票，反对0票，弃权0票。根据《上市公司股权激励管理办法》及公司激励计划的相关规定，董事会认为本次激励计划规定的授予条件已经成就，同意以2020年2月28日为授予日，向符合条件的激励对象授予限制性股票。独立董事对本议案发表了同意的独立意见。具体内容详见同日刊登于《证券日报》及巨潮资讯网的相关公告。3、审议通过《关于公司向银行申请综合授信额度的议案》为满足公司生产经营和业务发展的需要，公司拟向相关银行申请综合授信额度，授信期限为一年，具体授信额度以银行最终审批为准。表决结果：同意9票，反对0票，弃权0票。4、审议通过《关于为子公司提供担保的议案》表决结果：同意9票，反对0票，弃权0票。本议案尚需提交公司股东大会审议。三、备查文件 1、公司第十一届董事会第十一次会议决议；2、独立董事关于相关事项的独立意见。特此公告。董事会 二〇二〇年二月二十九日 本公司及董事会全体成员保证信息披露的内容真实、准确、完整，没有虚假记载、误导性陈述或重大遗漏。一、董事会会议召开情况 公司第十一届董事会第十一次会议于2020年2月28日以通讯表决方式召开，会议通知于2020年2月24日以电子邮件方式送达全体董事。本次会议应参加表决董事9名，实际参加表决董事9名。会议的召集和召开符合《公司法》和《公司章程》的有关规定。二、董事会会议审议情况 1、审议通过《关于调整公司2019年限制性股票激励计划相关事项的议案》表决结果：同意9票，反对0票，弃权0票。2、审议通过《关于向激励对象授予限制性股票的议案》表决结果：同意9票，反对0票，弃权0票。根据《上市公司股权激励管理办法》及公司激励计划的相关规定，董事会认为本次激励计划规定的授予条件已经成就，同意以2020年2月28日为授予日，向符合条件的激励对象授予限制性股票。独立董事对本议案发表了同意的独立意见。具体内容详见同日刊登于《证券日报》及巨潮资讯网的相关公告。3、审议通过《关于公司向银行申请综合授信额度的议案》为满足公司生产经营和业务发展的需要，公司拟向相关银行申请综合授信额度，授信期限为一年，具体授信额度以银行最终审批为准。表决结果：同意9票，反对0票，弃权0票。4、审议通过《关于为子公司提供担保的议案》表决结果：同意9票，反对0票，弃权0票。本议案尚需提交公司股东大会审议。三、备查文件 1、公司第十一届董事会第十一次会议决议；2、独立董事关于相关事项的独立意见。特此公告。董事会 二〇二〇年二月二十九日 本公司及董事会全体成员保证信息披露的内容真实、准确、完整，没有虚假记载、误导性陈述或重大遗漏。一、董事会会议召开情况 公司第十一届董事会第十一次会议于2020年2月28日以通讯表决方式召开，会议通知于2020年2月24日以电子邮件方式送达全体董事。本次会议应参加表决董事9名，实际参加表决董事9名。会议的召集和召开符合《公司法》和《公司章程》的有关规定。二、董事会会议审议情况 1、审议通过《关于调整公司2019年限制性股票激励计划相关事项的议案》表决结果：同意9票，反对0票，弃权0票。2、审议通过《关于向激励对象授予限制性股票的议案》表决结果：同意9票，反对0票，弃权0票。根据《上市公司股权激励管理办法》及公司激励计划的相关规定，董事会认为本次激励计划规定的授予条件已经成就，同意以2020年2月28日为授予日，向符合条件的激励对象授予限制性
本公司及董事会全体成员保证信息披露的内容真实、准确、完整，没有虚假记载、误导性陈述或重大遗漏。一、董事会会议召开情况 公司第十一届董事会第十一次会议于2020年2月28日以通讯表决方式召开，会议通知于2020年2月24日以电子邮件方式送达全体董事。本次会议应参加表决董事9名，实际参加表决董事9名。会议的召集和召开符合《公司法》和《公司章程》的有关规定。二、董事会会议审议情况 1、审议通过《关于调整公司2019年限制性股票激励计划相关事项的议案》表决结果：同意9票，反对0票，弃权0票。2、审议通过《关于向激励对象授予限制性股票的议案》表决结果：同意9票，反对0票，弃权0票。根据《上市公司股权激励管理办法》及公司激励计划的相关规定，董事会认为本次激励计划规定的授予条件已经成就，同意以2020年2月28日为授予日，向符合条件的激励对象授予限制性股票。独立董事对本议案发表了同意的独立意见。具体内容详见同日刊登于《证券日报》及巨潮资讯网的相关公告。3、审议通过《关于公司向银行申请综合授信额度的议案》为满足公司生产经营和业务发展的需要，公司拟向相关银行申请综合授信额度，授信期限为一年，具体授信额度以银行最终审批为准。表决结果：同意9票，反对0票，弃权0票。4、审议通过《关于为子公司提供担保的议案》表决结果：同意9票，反对0票，弃权0票。本议案尚需提交公司股东大会审议。三、备查文件 1、公司第十一届董事会第十一次会议决议；2、独立董事关于相关事项的独立意见。特此公告。董事会 二〇二〇年二月二十九日 本公司及董事会全体成员保证信息披露的内容真实、准确、完整，没有虚假记载、误导性陈述或重大遗漏。一、董事会会议召开情况 公司第十一届董事会第十一次会议于2020年2月28日以通讯表决方式召开，会议通知于2020年2月24日以电子邮件方式送达全体董事。本次会议应参加表决董事9名，实际参加表决董事9名。会议的召集和召开符合《公司法》和《公司章程》的有关规定。二、董事会会议审议情况 1、审议通过《关于调整公司2019年限制性股票激励计划相关事项的议案》表决结果：同意9票，反对0票，弃权0票。2、审议通过《关于向激励对象授予限制性股票的议案》表决结果：同意9票，反对0票，弃权0票。根据《上市公司股权激励管理办法》及公司激励计划的相关规定，董事会认为本次激励计划规定的授予条件已经成就，同意以2020年2月28日为授予日，向符合条件的激励对象授予限制性股票。独立董事对本议案发表了同意的独立意见。具体内容详见同日刊登于《证券日报》及巨潮资讯网的相关公告。3、审议通过《关于公司向银行申请综合授信额度的议案》为满足公司生产经营和业务发展的需要，公司拟向相关银行申请综合授信额度，授信期限为一年，具体授信额度以银行最终审批为准。表决结果：同意9票，反对0票，弃权0票。4、审议通过《关于为子公司提供担保的议案》表决结果：同意9票，反对0票，弃权0票。本议案尚需提交公司股东大会审议。三、备查文件 1、公司第十一届董事会第十一次会议决议；2、独立董事关于相关事项的独立意见。特此公告。董事会 二〇二〇年二月二十九日 本公司及董事会全体成员保证信息披露的内容真实、准确、完整，没有虚假记载、误导性陈述或重大遗漏。一、董事会会议召开情况 公司第十一届董事会第十一次会议于2020年2月28日以通讯表决方式召开，会议通知于2020年2月24日以电子邮件方式送达全体董事。本次会议应参加表决董事9名，实际参加表决董事9名。会议的召集和召开符合《公司法》和《公司章程》的有关规定。二、董事会会议审议情况 1、审议通过《关于调整公司2019年限制性股票激励计划相关事项的议案》表决结果：同意9票，反对0票，弃权0票。2、审议通过《关于向激励对象授予限制性股票的议案》表决结果：同意9票，反对0票，弃权0票。根据《上市公司股权激励管理办法》及公司激励计划的相关规定，董事会认为本次激励计划规定的授予条件已经成就，同意以2020年2月28日为授予日，向符合条件的激励对象授予限制性股票。独立董事对本议案发表了同意的独立意见。具体内容详见同日刊登于《证券日报》及巨潮资讯网的相关公告。3、审议通过《关于公司向银行申请综合授信额度的议案》为满足公司生产经营和业务发展的需要，公司拟向相关银行申请综合授信额度，授信期限为一年，具体授信额度以银行最终审批为准。表决结果：同意9票，反对0票，弃权0票。4、审议通过《关于为子公司提供担保的议案》表决结果：同意9票，反对0票，弃权0票。本议案尚需提交公司股东大会审议。三、备查文件 1、公司第十一届董事会第十一次会议决议；2、独立董事关于相关事项的独立意见。特此公告。董事会 二〇二〇年二月二十九日 本公司及董事会全体成员保证信息披露的内容真实、准确、完整，没有虚假记载、误导性陈述或重大遗漏。一、董事会会议召开情况 公司第十一届董事会第十一次会议于2020年2月28日以通讯表决方式召开，会议通知于2020年2月24日以电子邮件方式送达全体董事。本次会议应参加表决董事9名，实际参加表决董事9名。会议的召集和召开符合《公司法》和《公司章程》的有关规定。二、董事会会议审议情况 1、审议通过《关于调整公司2019年限制性股票激励计划相关事项的议案》表决结果：同意9票，反对0票，弃权0票。2、审议通过《关于向激励对象授予限制性股票的议案》表决结果：同意9票，反对0票，弃权0票。根据《上市公司股权激励管理办法》及公司激励计划的相关规定，董事会认为本次激励计划规定的授予条件已经成就，同意以2020年2月28日为授予日，向符合条件的激励对象授予限制性股票。独立董事对本议案发表了同意的独立意见。具体内容详见同日刊登于《证券日报》及巨潮资讯网的相关公告。3、审议通过《关于公司向银行申请综合授信额度的议案》为满足公司生产经营和业务发展的需要，公司拟向相关银行申请综合授信额度，授信期限为一年，具体授信额度以银行最终审批为准。表决结果：同意9票，反对0票，弃权0票。4、审议通过《关于为子公司提供担保的议案》表决结果：同意9票，反对0票，弃权0票。本议案尚需提交公司股东大会审议。三、备查文件 1、公司第十一届董事会第十一次会议决议；2、独立董事关于相关事项的独立意见。特此公告。董事会 二〇二〇年二月二十九日 本公司及董事会全体成员保证信息披露的内容真实、准确、完整，没有虚假记载、误导性陈述或重大遗漏。一、董事会会议召开情况 公司第十一届董事会第十一次会议于2020年2月28日以通讯表决方式召开，会议通知于2020年2月24日以电子邮件方式送达全体董事。本次会议应参加表决董事9名，实际参加表决董事9名。会议的召集和召开符合《公司法》和《公司章程》的有关规定。二、董事会会议审议情况 1、审议通过《关于调整公司2019年限制性股票激励计划相关事项的议案》表决结果：同意9票，反对0票，弃权0票。2、审议通过《关于向激励对象授予限制性股票的议案》表决结果：同意9票，反对0票，弃权0票。根据《上市公司股权激励管理办法》及公司激励计划的相关规定，董事会认为本次激励计划规定的授予条件已经成就，同意以2020年2月28日为授予日，向符合条件的激励对象授予限制性股票。独立董事对本议案发表了同意的独立意见。具体内容详见同日刊登于《证券日报》及巨潮资讯网的相关公告。3、审议通过《关于公司向银行申请综合授信额度的议案》为满足公司生产经营和业务发展的需要，公司拟向相关银行申请综合授信额度，授信期限为一年，具体授信额度以银行最终审批为准。表决结果：同意9票，反对0票，弃权0票。4、审议通过《关于为子公司提供担保的议案》表决结果：同意9票，反对0票，弃权0票。本议案尚需提交公司股东大会审议。三、备查文件 1、公司第十一届董事会第十一次会议决议；2、独立董事关于相关事项的独立意见。特此公告。董事会 二〇二〇年二月二十九日 本公司及董事会全体成员保证信息披露的内容真实、准确、完整，没有虚假记载、误导性陈述或重大遗漏。一、董事会会议召开情况 公司第十一届董事会第十一次会议于2020年2月28日以通讯表决方式召开，会议通知于2020年2月24日以电子邮件方式送达全体董事。本次会议应参加表决董事9名，实际参加表决董事9名。会议的召集和召开符合《公司法》和《公司章程》的有关规定。二、董事会会议审议情况 1、审议通过《关于调整公司2019年限制性股票激励计划相关事项的议案》表决结果：同意9票，反对0票，弃权0票。2、审议通过《关于向激励对象授予限制性股票的议案》表决结果：同意9票，反对0票，弃权0票。根据《上市公司股权激励管理办法》及公司激励计划的相关规定，董事会认为本次激励计划规定的授予条件已经成就，同意以2020年2月28日为授予日，向符合条件的激励对象授予限制性股票。独立董事对本议案发表了同意的独立意见。具体内容详见同日刊登于《证券日报》及巨潮资讯网的相关公告。3、审议通过《关于公司向银行申请综合授信额度的议案》为满足公司生产经营和业务发展的需要，公司拟向相关银行申请综合授信额度，授信期限为一年，具体授信额度以银行最终审批为准。表决结果：同意9票，反对0票，弃权0票。4、审议通过《关于为子公司提供担保的议案》表决结果：同意9票，反对0票，弃权0票。本议案尚需提交公司股东大会审议。三、备查文件 1、公司第十一届董事会第十一次会议决议；2、独立董事关于相关事项的独立意见。特此公告。董事会 二〇二〇年二月二十九日 本公司及董事会全体成员保证信息披露的内容真实、准确、完整，没有虚假记载、误导性陈述或重大遗漏。一、董事会会议召开情况 公司第十一届董事会第十一次会议于2020年2月28日以通讯表决方式召开，会议通知于2020年2月24日以电子邮件方式送达全体董事。本次会议应参加表决董事9名，实际参加表决董事9名。会议的召集和召开符合《公司法》和《公司章程》的有关规定。二、董事会会议审议情况 1、审议通过《关于调整公司2019年限制性股票激励计划相关事项的议案》表决结果：同意9票，反对0票，弃权0票。2、审议通过《关于向激励对象授予限制性股票的议案》表决结果：同意9票，反对0票，弃权0票。根据《上市公司股权激励管理办法》及公司激励计划的相关规定，董事会认为本次激励计划规定的授予条件已经成就，同意以2020年2月28日为授予日，向符合条件的激励对象授予限制性股票。独立董事对本议案发表了同意的独立意见。具体内容详见同日刊登于《证券日报》及巨潮资讯网的相关公告。3、审议通过《关于公司向银行申请综合授信额度的议案》为满足公司生产经营和业务发展的需要，公司拟向相关银行申请综合授信额度，授信期限为一年，具体授信额度以银行最终审批为准。表决结果：同意9票，反对0票，弃权0票。4、审议通过《关于为子公司提供担保的议案》表决结果：同意9票，反对0票，弃权0票。本议案尚需提交公司股东大会审议。三、备查文件 1、公司第十一届董事会第十一次会议决议；2、独立董事关于相关事项的独立意见。特此公告。董事会 二〇二〇年二月二十九日 本公司及董事会全体成员保证信息披露的内容真实、准确、完整，没有虚假记载、误导性陈述或重大遗漏。一、董事会会议召开情况 公司第十一届董事会第十一次会议于2020年2月28日以通讯表决方式召开，会议通知于2020年2月24日以电子邮件方式送达全体董事。本次会议应参加表决董事9名，实际参加表决董事9名。会议的召集和召开符合《公司法》和《公司章程》的有关规定。二、董事会会议审议情况 1、审议通过《关于调整公司2019年限制性股票激励计划相关事项的议案》表决结果：同意9票，反对0票，弃权0票。2、审议通过《关于向激励对象授予限制性股票的议案》表决结果：同意9票，反对0票，弃权0票。根据《上市公司股权激励管理办法》及公司激励计划的相关规定，董事会认为本次激励计划规定的授予条件已经成就，同意以2020年2月28日为授予日，向符合条件的激励对象授予限制性股票。独立董事对本议案发表了同意的独立意见。具体内容详见同日刊登于《证券日报》及巨潮资讯网的相关公告。3、审议通过《关于公司向银行申请综合授信额度的议案》为满足公司生产经营和业务发展的需要，

本公司及董事会全体成员保证信息披露的内容真实、准确、完整，没有虚假记载、误导性陈述或重大遗漏。一、董事会会议召开情况 公司第十一届董事会第十一次会议于2020年2月28日以通讯表决方式召开，会议通知于2020年2月24日以电子邮件方式送达全体董事。本次会议应参加表决董事9名，实际参加表决董事9名。会议的召集和召开符合《公司法》和《公司章程》的有关规定。二、董事会会议审议情况 1、审议通过《关于调整公司2019年限制性股票激励计划相关事项的议案》表决结果：同意9票，反对0票，弃权0票。2、审议通过《关于向激励对象授予限制性股票的议案》表决结果：同意9票，反对0票，弃权0票。根据《上市公司股权激励管理办法》及公司激励计划的相关规定，董事会认为本次激励计划规定的授予条件已经成就，同意以2020年2月28日为授予日，向符合条件的激励对象授予限制性股票。独立董事对本议案发表了同意的独立意见。具体内容详见同日刊登于《证券日报》及巨潮资讯网的相关公告。3、审议通过《关于公司向银行申请综合授信额度的议案》为满足公司生产经营和业务发展的需要，公司拟向相关银行申请综合授信额度，授信期限为一年，具体授信额度以银行最终审批为准。表决结果：同意9票，反对0票，弃权0票。4、审议通过《关于为子公司提供担保的议案》表决结果：同意9票，反对0票，弃权0票。本议案尚需提交公司股东大会审议。三、备查文件 1、公司第十一届董事会第十一次会议决议；2、独立董事关于相关事项的独立意见。特此公告。董事会 二〇二〇年二月二十九日 本公司及董事会全体成员保证信息披露的内容真实、准确、完整，没有虚假记载、误导性陈述或重大遗漏。一、董事会会议召开情况 公司第十一届董事会第十一次会议于2020年2月28日以通讯表决方式召开，会议通知于2020年2月24日以电子邮件方式送达全体董事。本次会议应参加表决董事9名，实际参加表决董事9名。会议的召集和召开符合《公司法》和《公司章程》的有关规定。二、董事会会议审议情况 1、审议通过《关于调整公司2019年限制性股票激励计划相关事项的议案》表决结果：同意9票，反对0票，弃权0票。2、审议通过《关于向激励对象授予限制性股票的议案》表决结果：同意9票，反对0票，弃权0票。根据《上市公司股权激励管理办法》及公司激励计划的相关规定，董事会认为本次激励计划规定的授予条件已经成就，同意以2020年2月28日为授予日，向符合条件的激励对象授予限制性股票。独立董事对本议案发表了同意的独立意见。具体内容详见同日刊登于《证券日报》及巨潮资讯网的相关公告。3、审议通过《关于公司向银行申请综合授信额度的议案》为满足公司生产经营和业务发展的需要，公司拟向相关银行申请综合授信额度，授信期限为一年，具体授信额度以银行最终审批为准。表决结果：同意9票，反对0票，弃权0票。4、审议通过《关于为子公司提供担保的议案》表决结果：同意9票，反对0票，弃权0票。本议案尚需提交公司股东大会审议。三、备查文件 1、公司第十一届董事会第十一次会议决议；2、独立董事关于相关事项的独立意见。特此公告。董事会 二〇二〇年二月二十九日 本公司及董事会全体成员保证信息披露的内容真实、准确、完整，没有虚假记载、误导性陈述或重大遗漏。一、董事会会议召开情况 公司第十一届董事会第十一次会议于2020年2月28日以通讯表决方式召开，会议通知于2020年2月24日以电子邮件方式送达全体董事。本次会议应参加表决董事9名，实际参加表决董事9名。会议的召集和召开符合《公司法》和《公司章程》的有关规定。二、董事会会议审议情况 1、审议通过《关于调整公司2019年限制性股票激励计划相关事项的议案》表决结果：同意9票，反对0票，弃权0票。2、审议通过《关于向激励对象授予限制性股票的议案》表决结果：同意9票，反对0票，弃权0票。根据《上市公司股权激励管理办法》及公司激励计划的相关规定，董事会认为本次激励计划规定的授予条件已经成就，同意以2020年2月28日为授予日，向符合条件的激励对象授予限制性股票。独立董事对本议案发表了同意的独立意见。具体内容详见同日刊登于《证券日报》及巨潮资讯网的相关公告。3、审议通过《关于公司向银行申请综合授信额度的议案》为满足公司生产经营和业务发展的需要，公司拟向相关银行申请综合授信额度，授信期限为一年，具体授信额度以银行最终审批为准。表决结果：同意9票，反对0票，弃权0票。4、审议通过《关于为子公司提供担保的议案》表决结果：同意9票，反对0票，弃权0票。本议案尚需提交公司股东大会审议。三、备查文件 1、公司第十一届董事会第十一次会议决议；2、独立董事关于相关事项的独立意见。特此公告。董事会 二〇二〇年二月二十九日 本公司及董事会全体成员保证信息披露的内容真实、准确、完整，没有虚假记载、误导性陈述或重大遗漏。一、董事会会议召开情况 公司第十一届董事会第十一次会议于2020年2月28日以通讯表决方式召开，会议通知于2020年2月24日以电子邮件方式送达全体董事。本次会议应参加表决董事9名，实际参加表决董事9名。会议的召集和召开符合《公司法》和《公司章程》的有关规定。二、董事会会议审议情况 1、审议通过《关于调整公司2019年限制性股票激励计划相关事项的议案》表决结果：同意9票，反对0票，弃权0票。2、审议通过《关于向激励对象授予限制性股票的议案》表决结果：同意9票，反对0票，弃权0票。根据《上市公司股权激励管理办法》及公司激励计划的相关规定，董事会认为本次激励计划规定的授予条件已经成就，同意以2020年2月28日为授予日，向符合条件的激励对象授予限制性股票。独立董事对本议案发表了同意的独立意见。具体内容详见同日刊登于《证券日报》及巨潮资讯网的相关公告。3、审议通过《关于公司向银行申请综合授信额度的议案》为满足公司生产经营和业务发展的需要，公司拟向相关银行申请综合授信额度，授信期限为一年，具体授信额度以银行最终审批为准。表决结果：同意9票，反对0票，弃权0票。4、审议通过《关于为子公司提供担保的议案》表决结果：同意9票，反对0票，弃权0票。本议案尚需提交公司股东大会审议。三、备查文件 1、公司第十一届董事会第十一次会议决议；2、独立董事关于相关事项的独立意见。特此公告。董事会 二〇二〇年二月二十九日 本公司及董事会全体成员保证信息披露的内容真实、准确、完整，没有虚假记载、误导性陈述或重大遗漏。一、董事会会议召开情况 公司第十一届董事会第十一次会议于2020年2月28日以通讯表决方式召开，会议通知于2020年2月24日以电子邮件方式送达全体董事。本次会议应参加表决董事9名，实际参加表决董事9名。会议的召集和召开符合《公司法》和《公司章程》的有关规定。二、董事会会议审议情况 1、审议通过《关于调整公司2019年限制性股票激励计划相关事项的议案》表决结果：同意9票，反对0票，弃权0票。2、审议通过《关于向激励对象授予限制性股票的议案》表决结果：同意9票，反对0票，弃权0票。根据《上市公司股权激励管理办法》及公司激励计划的相关规定，董事会认为本次激励计划规定的授予条件已经成就，同意以2020年2月28日为授予日，向符合条件的激励对象授予限制性股票。独立董事对本议案发表了同意的独立意见。具体内容详见同日刊登于《证券日报》及巨潮资讯网的相关公告。3、审议通过《关于公司向银行申请综合授信额度的议案》为满足公司生产经营和业务发展的需要，公司拟向相关银行申请综合授信额度，授信期限为一年，具体授信额度以银行最终审批为准。表决结果：同意9票，反对0票，弃权0票。4、审议通过《关于为子公司提供担保的议案》表决结果：同意9票，反对0票，弃权0票。本议案尚需提交公司股东大会审议。三、备查文件 1、公司第十一届董事会第十一次会议决议；2、独立董事关于相关事项的独立意见。特此公告。董事会 二〇二〇年二月二十九日 本公司及董事会全体成员保证信息披露的内容真实、准确、完整，没有虚假记载、误导性陈述或重大遗漏。一、董事会会议召开情况 公司第十一届董事会第十一次会议于2020年2月28日以通讯表决方式召开，会议通知于2020年2月24日以电子邮件方式送达全体董事。本次会议应参加表决董事9名，实际参加表决董事9名。会议的召集和召开符合《公司法》和《公司章程》的有关规定。二、董事会会议审议情况 1、审议通过《关于调整公司2019年限制性股票激励计划相关事项的议案》表决结果：同意9票，反对0票，弃权0票。2、审议通过《关于向激励对象授予限制性股票的议案》表决结果：同意9票，反对0票，弃权0票。根据《上市公司股权激励管理办法》及公司激励计划的相关规定，董事会认为本次激励计划规定的授予条件已经成就，同意以2020年2月28日为授予日，向符合条件的激励对象授予限制性股票。独立董事对本议案发表了同意的独立意见。具体内容详见同日刊登于《证券日报》及巨潮资讯网的相关公告。3、审议通过《关于公司向银行申请综合授信额度的议案》为满足公司生产经营和业务发展的需要，公司拟向相关银行申请综合授信额度，授信期限为一年，具体授信额度以银行最终审批为准。表决结果：同意9票，反对0票，弃权0票。4、审议通过《关于为子公司提供担保的议案》表决结果：同意9票，反对0票，弃权0票。本议案尚需提交公司股东大会审议。三、备查文件 1、公司第十一届董事会第十一次会议决议；2、独立董事关于相关事项的独立意见。特此公告。董事会 二〇二〇年二月二十九日 本公司及董事会全体成员保证信息披露的内容真实、准确、完整，没有虚假记载、误导性陈述或重大遗漏。一、董事会会议召开情况 公司第十一届董事会第十一次会议于2020年2月28日以通讯表决方式召开，会议通知于2020年2月24日以电子邮件方式送达全体董事。本次会议应参加表决董事9名，实际参加表决董事9名。会议的召集和召开符合《公司法》和《公司章程》的有关规定。二、董事会会议审议情况 1、审议通过《关于调整公司2019年限制性股票激励计划相关事项的议案》表决结果：同意9票，反对0票，弃权0票。2、审议通过《关于向激励对象授予限制性股票的议案》表决结果：同意9票，反对0票，弃权0票。根据《上市公司股权激励管理办法》及公司激励计划的相关规定，董事会认为本次激励计划规定的授予条件已经成就，同意以2020年2月28日为授予日，向符合条件的激励对象授予限制性股票。独立董事对本议案发表了同意的独立意见。具体内容详见同日刊登于《证券日报》及巨潮资讯网的相关公告。3、审议通过《关于公司向银行申请综合授信额度的议案》为满足公司生产经营和业务发展的需要，公司拟向相关银行申请综合授信额度，授信期限为一年，具体授信额度以银行最终审批为准。表决结果：同意9票，反对0票，弃权0票。4、审议通过《关于为子公司提供担保的议案》表决结果：同意9票，反对0票，弃权0票。本议案尚需提交公司股东大会审议。三、备查文件 1、公司第十一届董事会第十一次会议决议；2、独立董事关于相关事项的独立意见。特此公告。董事会 二〇二〇年二月二十九日 本公司及董事会全体成员保证信息披露的内容真实、准确、完整，没有虚假记载、误导性陈述或重大遗漏。一、董事会会议召开情况 公司第十一届董事会第十一次会议于2020年2月28日以通讯表决方式召开，会议通知于2020年2月24日以电子邮件方式送达全体董事。本次会议应参加表决董事9名，实际参加表决董事9名。会议的召集和召开符合《公司法》和《公司章程》的有关规定。二、董事会会议审议情况 1、审议通过《关于调整公司2019年限制性股票激励计划相关事项的议案》表决结果：同意9票，反对0票，弃权0票。2、审议通过《关于向激励对象授予限制性股票的议案》表决结果：同意9票，反对0票，弃权0票。根据《上市公司股权激励管理办法》及公司激励计划的相关规定，董事会认为本次激励计划规定的授予条件已经成就，同意以2020年2月28日为授予日，向符合条件的激励对象授予限制性股票。独立董事对本议案发表了同意的独立意见。具体内容详见同日刊登于《证券日报》及巨潮资讯网的相关公告。3、审议通过《关于公司向银行申请综合授信额度的议案》为满足公司生产经营和业务发展的需要，公司拟向相关银行申请综合授信额度，授信期限为一年，具体授信额度以银行最终审批为准。表决结果：同意9票，反对0票，弃权0票。4、审议通过《关于为子公司提供担保的议案》表决结果：同意9票，反对0票，弃权0票。本议案尚需提交公司股东大会审议。三、备查文件 1、公司第十一届董事会第十一次会议决议；2、独立董事关于相关事项的独立意见。特此公告。董事会 二〇二〇年二月二十九日 本公司及董事会全体成员保证信息披露的内容真实、准确、完整，没有虚假记载、误导性陈述或重大遗漏。一、董事会会议召开情况 公司第十一届董事会第十一次会议于2020年2月28日以通讯表决方式召开，会议通知于2020年2月24日以电子邮件方式送达全体董事。本次会议应参加表决董事9名，实际参加表决董事9名。会议的召集和召开符合《公司法》和《公司章程》的有关规定。二、董事会会议审议情况 1、审议通过《关于调整公司2019年限制性股票激励计划相关事项的议案》表决结果：同意9票，反对0票，弃权0票。2、审议通过《关于向激励对象授予限制性股票的议案》表决结果：同意9票，反对0票，弃权0票。根据《上市公司股权激励管理办法》及公司激励计划的相关规定，董事会认为本次激励计划规定的授予条件已经成就，同意以2020年2月28日为授予日，向符合条件的激励对象授予限制性股票。独立董事对本议案发表了同意的独立意见。具体内容详见同日刊登于《证券日报》及巨潮资讯网的相关公告。3、审议通过《关于公司向银行申请综合授信额度的议案》为满足公司生产经营和业务发展的需要，公司拟向相关银行申请综合授信额度，授信期限为一年，具体授信额度以银行最终审批为准。表决结果：同意9票，反对0票，弃权0票。4、审议通过《关于为子公司提供担保的议案》表决结果：同意9票，反对0票，弃权0票。本议案尚需提交公司股东大会审议。三、备查文件 1、公司第十一届董事会第十一次会议决议；2、独立董事关于相关事项的独立意见。特此公告。董事会 二〇二〇年二月二十九日 本公司及董事会全体成员保证信息披露的内容真实、准确、完整，没有虚假记载、误导性陈述或重大遗漏。一、董事会会议召开情况 公司第十一届董事会第十一次会议于2020年2月28日以通讯表决方式召开，会议通知于2020年2月24日以电子邮件方式送达全体董事。本次会议应参加表决董事9名，实际参加表决董事9名。会议的召集和召开符合《公司法》和《公司章程》的有关规定。二、董事会会议审议情况 1、审议通过《关于调整公司2019年限制性股票激励计划相关事项的议案》表决结果：同意9票，反对0票，弃权0票。2、审议通过《关于向激励对象授予限制性股票的议案》表决结果：同意9票，反对0票，弃权0票。根据《上市公司股权激励管理办法》及公司激励计划的相关规定，董事会认为本次激励计划规定的授予条件已经成就，同意以2020年2月28日为授予日，向符合条件的激励对象授予限制性股票。独立董事对本议案发表了同意的独立意见。具体内容详见同日刊登于《证券日报》及巨潮资讯网的相关公告。3、审议通过《关于公司向银行申请综合授信额度的议案》为满足公司生产经营和业务发展的需要，公司拟向相关银行申请综合授信额度，授信期限为一年，具体授信额度以银行最终审批为准。表决结果：同意9票，反对0票，弃权0票。4、审议通过《关于为子公司提供担保的议案》表决结果：同意9票，反对0票，弃权0票。本议案尚需提交公司股东大会审议。三、备查文件 1、公司第十一届董事会第十一次会议决议；2、独立董事关于相关事项的独立意见。特此公告。董事会 二〇二〇年二月二十九日 本公司及董事会全体成员保证信息披露的内容真实、准确、完整，没有虚假记载、误导性陈述或重大遗漏。一、董事会会议召开情况 公司第十一届董事会第十一次会议于2020年2月28日以通讯表决方式召开，会议通知于2020年2月24日以电子邮件方式送达全体董事。本次会议应参加表决董事9名，实际参加表决董事9名。会议的召集和召开符合《公司法》和《公司章程》的有关规定。二、董事会会议审议情况 1、审议通过《关于调整公司2019年限制性股票激励计划相关事项的议案》表决结果：同意9票，反对0票，弃权0票。2、审议通过《关于向激励对象授予限制性股票的议案》表决结果：同意9票，反对0票，弃权0票。根据《上市公司股权激励管理办法》及公司激励计划的相关规定，董事会认为本次激励计划规定的授予条件已经成就，同意以2020年2月28日为授予日，向符合条件的激励对象授予限制性股票。独立董事对本议案发表了同意的独立意见。具体内容详见同日刊登于《证券日报》及巨潮资讯网的相关公告。3、审议通过《关于公司向银行申请综合授信额度的议案》为满足公司生产经营和业务发展的需要，公司拟向相关银行申请综合授信额度，授信期限为一年，具体授信额度以银行最终审批为准。表决结果：同意9票，反对0票，弃权0票。4、审议通过《关于为子公司提供担保的议案》表决结果：同意9票，反对0票，弃权0票。本议案尚需提交公司股东大会审议。三、备查文件 1、公司第十一届董事会第十一次会议决议；2、独立董事关于相关事项的独立意见。特此公告。董事会 二〇二〇年二月二十九日 本公司及董事会全体成员保证信息披露的内容真实、准确、完整，没有虚假记载、误导性陈述或重大遗漏。一、董事会会议召开情况 公司第十一届董事会第十一次会议于2020年2月28日以通讯表决方式召开，会议通知于2020年2月24日以电子邮件方式送达全体董事。本次会议应参加表决董事9名，实际参加表决董事9名。会议的召集和召开符合《公司法》和《公司章程》的有关规定。二、董事会会议审议情况 1、审议通过《关于调整公司2019年限制性股票激励计划相关事项的议案》表决结果：同意9票，反对0票，弃权0票。2、审议通过《关于向激励对象授予限制性股票的议案》表决结果：同意9票，反对0票，弃权0票。根据《上市公司股权激励管理办法》及公司激励计划的相关规定，董事会认为本次激励计划规定的授予条件已经成就，同意以2020年2月28日为授予日，向符合条件的激励对象授予限制性股票。独立董事对本议案发表了同意的独立意见。具体内容详见同日刊登于《证券日报》及巨潮资讯网的相关公告。3、审议通过《关于公司向银行申请综合授信额度的议案》为满足公司生产经营和业务发展的需要，公司拟向相关银行申请综合授信额度，授信期限为一年，具体授信额度以银行最终审批为准。表决结果：同意9票，反对0票，弃权0票。4、审议通过《关于为子公司提供担保的议案》表决结果：同意9票，反对0票，弃权0票。本议案尚需提交公司股东大会审议。三、备查文件 1、公司第十一届董事会第十一次会议决议；2、独立董事关于相关事项的独立意见。特此公告。董事会 二〇二〇年二月二十九日 本公司及董事会全体成员保证信息披露的内容真实、准确、完整，没有虚假记载、误导性陈述或重大遗漏。一、董事会会议召开情况 公司第十一届董事会第十一次会议于2020年2月28日以通讯表决方式召开，会议通知于2020年2月24日以电子邮件方式送达全体董事。本次会议应参加表决董事9名，实际参加表决董事9名。会议的召集和召开符合《公司法》和《公司章程》的有关规定。二、董事会会议审议情况 1、审议通过《关于调整公司2019年限制性股票激励计划相关事项的议案》表决结果：同意9票，反对0票，弃权0票。2、审议通过《关于向激励对象授予限制性股票的议案》表决结果：同意9票，反对0票，弃权0票。根据《上市公司股权激励管理办法》及公司激励计划的相关规定，董事会认为本次激励计划规定的授予条件已经成就，同意以2020年2月28日为授予日，向符合条件的激励对象授予限制性股票。独立董事对本议案发表了同意的独立意见。具体内容详见同日刊登于《证券日报》及巨潮资讯网的相关公告。3、审议通过《关于公司向银行申请综合授信额度的议案》为满足公司生产经营和业务发展的需要，公司拟向相关银行申请综合授信额度，授信期限为一年，具体授信额度以银行最终审批为准。表决结果：同意9票，反对0票，弃权0票。4、审议通过《关于为子公司提供担保的议案》表决结果：同意9票，反对0票，弃权0票。本议案尚需提交公司股东大会审议。三、备查文件 1、公司第十一届董事会第十一次会议决议；2、独立董事关于相关事项的独立意见。特此公告。董事会 二〇二〇年二月二十九日 本公司及董事会全体成员保证信息披露的内容真实、准确、完整，没有虚假记载、误导性陈述或重大遗漏。一、董事会会议召开情况 公司第十一届董事会第十一次会议于2020年2月28日以通讯表决方式召开，会议通知于2020年2月24日以电子邮件方式送达全体董事。本次会议应参加表决董事9名，实际参加表决董事9名。会议的召集和召开符合《公司法》和《公司章程》的有关规定。二、董事会会议审议情况 1、审议通过《关于调整公司2019年限制性股票激励计划相关事项的议案》表决结果：同意9票，反对0票，弃权0票。2、审议通过《关于向激励对象授予限制性股票的议案》表决结果：同意9票，反对0票，弃权0票。根据《上市公司股权激励管理办法》及公司激励计划的相关规定，董事会认为本次激励计划规定的授予条件已经成就，同意以2020年2月28日为授予日，向符合条件的激励对象授予限制性股票。独立董事对本议案发表了同意的独立意见。具体内容详见同日刊登于《证券日报》及巨潮资讯网的相关公告。3、审议通过《关于公司向银行申请综合授信额度的议案》为满足公司生产经营和业务发展的需要，公司拟向相关银行申请综合授信额度，授信期限为一年，具体授信额度以银行最终审批为准。表决结果：同意9票，反对0票，弃权0票。4、审议通过《关于为子公司提供担保的议案》表决结果：同意9票，反对0票，弃权0票。本议案尚需提交公司股东大会审议。三、备查文件 1、公司第十一届董事会第十一次会议决议；2、独立董事关于相关事项的独立意见。特此公告。董事会 二〇二〇年二月二十九日 本公司及董事会全体成员保证信息披露的内容真实、准确、完整，没有虚假记载、误导性陈述或重大遗漏。一、董事会会议召开情况 公司第十一届董事会第十一次会议于2020年2月28日以通讯表决方式召开，会议通知于2020年2月24日以电子邮件方式送达全体董事。本次会议应参加表决董事9名，实际参加表决董事9名。会议的召集和召开符合《公司法》和《公司章程》的有关规定。二、董事会会议审议情况 1、审议通过《关于调整公司2019年限制性股票激励计划相关事项的议案》表决结果：同意9票，反对0票，弃权0票。2、审议通过《关于向激励对象授予限制性股票的议案》表决结果：同意9票，反对0票，弃权0票。根据《上市公司股权激励管理办法》及公司激励计划的相关规定，董事会认为本次激励计划规定的授予条件已经成就，同意以2020年2月28日为授予日，向符合条件的激励对象授予限制性股票。独立董事对本议案发表了同意的独立意见。具体内容详见同日刊登于《证券日报》及巨潮资讯网的相关公告。3、审议通过《关于公司向银行申请综合授信额度的议案》为满足公司生产经营和业务发展的需要，公司拟向相关银行申请综合授信额度，授信期限为一年，具体授信额度以银行最终审批为准。表决结果：同意9票，反对0票，弃权0票。4、审议通过《关于为子公司提供担保的议案》表决结果：同意9票，反对0票，弃权0票。本议案尚需提交公司股东大会审议。三、备查文件 1、公司第十一届董事会第十一次会议决议；2、独立董事关于相关事项的独立意见。特此公告。董事会 二〇二〇年二月二十九日 本公司及董事会全体成员保证信息披露的内容真实、准确、完整，没有虚假记载、误导性陈述或重大遗漏。一、董事会会议召开情况 公司第十一届董事会第十一次会议于2020年2月28日以通讯表决方式召开，会议通知于2020年2月24日以电子邮件方式送达全体董事。本次会议应参加表决董事9名，实际参加表决董事9名。会议的召集和召开符合《公司法》和《公司章程》的有关规定。二、董事会会议审议情况 1、审议通过《关于调整公司2019年限制性股票激励计划相关事项的议案》表决结果：同意9票，反对0票，弃权0票。2、审议通过《关于向激励对象授予限制性股票的议案》表决结果：同意9票，反对0票，弃权0票。根据《上市公司股权激励管理办法》及公司激励计划的相关规定，董事会认为本次激励计划规定的授予条件已经成就，同意以2020年2月28日为授予日，向符合条件的激励对象授予限制性股票。独立董事对本议案发表了同意的独立意见。具体内容详见同日刊登于《证券日报》及巨潮资讯网的相关公告。3、审议通过《关于公司向银行申请综合授信额度的议案》为满足公司生产经营和业务发展的需要，公司拟向相关银行申请综合授信额度，授信期限为一年，具体授信额度以银行最终审批为准。表决结果：同意9票，反对0票，弃权0票。4、审议通过《关于为子公司提供担保的议案》表决结果：同意9票，反对0票，弃权0票。本议案尚需提交公司股东大会审议。三、备查文件 1、公司第十一届董事会第十一次会议决议；2、独立董事关于相关事项的独立意见。特此公告。董事会 二〇二〇年二月二十九日 本公司及董事会全体成员保证信息披露的内容真实、准确、完整，没有虚假记载、误导性陈述或重大遗漏。一、董事会会议召开情况 公司第十一届董事会第十一次会议于2020年2月28日以通讯表决方式召开，会议通知于2020年2月24日以电子邮件方式送达全体董事。本次会议应参加表决董事9名，实际参加表决董事9名。会议的召集和召开符合《公司法》和《公司章程》的有关规定。二、董事会会议审议情况 1、审议通过《关于调整公司2019年限制性股票激励计划相关事项的议案》表决结果：同意9票，反对0票，弃权0票。2、审议通过《关于向激励对象授予限制性股票的议案》表决结果：同意9票，反对0票，弃权0票。根据《上市公司股权激励管理办法》及公司激励计划的相关规定，董事会认为本次激励计划规定的授予条件已经成就，同意以2020年2月28日为授予日，向符合条件的激励对象授予限制性股票。独立董事对本议案发表了同意的独立意见。具体内容详见同日刊登于《证券日报》及巨潮资讯网的相关公告。3、审议通过《关于公司向银行申请综合授信额度的议案》为满足公司生产经营和业务发展的需要，公司拟向相关银行申请综合授信额度，授信期限为一年，具体授信额度以银行最终审批为准。表决结果：同意9票，反对0票，弃权0票。4、审议通过《关于为子公司提供担保的议案》表决结果：同意9票，反对0票，弃权0票。本议案尚需提交公司股东大会审议。三、备查文件 1、公司第十一届董事会第十一次会议决议；2、独立董事关于相关事项的独立意见。特此公告。董事会 二〇二〇年二月二十九日 本公司及董事会全体成员保证信息披露的内容真实、准确、完整，没有虚假记载、误导性陈述或重大遗漏。一、董事会会议召开情况 公司第十一届董事会第十一次会议于2020年2月28日以通讯表决方式召开，会议通知于2020年2月24日以电子邮件方式送达全体董事。本次会议应参加表决董事9名，实际参加表决董事9名。会议的召集和召开符合《公司法》和《公司章程》的有关规定。二、董事会会议审议情况 1、审议通过《关于调整公司2019年限制性股票激励计划相关事项的议案》表决结果：同意9票，反对0票，弃权0票。2、审议通过《关于向激励对象授予限制性股票的议案》表决结果：同意9票，反对0票，弃权0票。根据《上市公司股权激励管理办法》及公司激励计划的相关规定，董事会认为本次激励计划规定的授予条件已经成就，同意以2020年2月28日为授予日，向符合条件的激励对象授予限制性股票。独立董事对本议案发表了同意的独立意见。具体内容详见同日刊登于《证券日报》及巨潮资讯网的相关公告。3、审议通过《关于公司向银行申请综合授信额度的议案》为满足公司生产经营和业务发展的需要，公司拟向相关银行申请综合授信额度，授信期限为一年，具体授信额度以银行最终审批为准。表决结果：同意9票，反对0票，弃权0票。4、审议通过《关于为子公司提供担保的议案》表决结果：同意9票，反对0票，弃权0票。本议案尚需提交公司股东大会审议。三、备查文件 1、公司第十一届董事会第十一次会议决议；2、独立董事关于相关事项的独立意见。特此公告。董事会 二〇二〇年二月二十九日 本公司及董事会全体成员保证信息披露的内容真实、准确、完整，没有虚假记载、误导性陈述或重大遗漏。一、董事会会议召开情况 公司第十一届董事会第十一次会议于2020年2月28日以通讯表决方式召开，会议通知于2020年2月24日以电子邮件方式送达全体董事。本次会议应参加表决董事9名，实际参加表决董事9名。会议的召集和召开符合《公司法》和《公司章程》的有关规定。二、董事会会议审议情况 1、审议通过《关于调整公司2019年限制性股票激励计划相关事项的议案》表决结果：同意9票，反对0票，弃权0票。2、审议通过《关于向激励对象授予限制性股票的议案》表决结果：同意9票，反对0票，弃权0票。根据《上市公司股权激励管理办法》及公司激励计划的相关规定，董事会认为本次激励计划规定的授予条件已经成就，同意以2020年2月28日为授予日，向符合条件的激励对象授予限制性股票。独立董事对本议案发表了同意的独立意见。具体内容详见同日刊登于《证券日报》及巨潮资讯网的相关公告。3、审议通过《关于公司向银行申请综合授信额度的议案》为满足公司生产经营和业务发展的需要，公司拟向相关银行申请综合授信额度，授信期限为一年，具体授信额度以银行最终审批为准。表决结果：同意9票，反对0票，弃权0票。4、审议通过《关于为子公司提供担保的议案》表决结果：同意9票，反对0票，弃权0票。本议案尚需提交公司股东大会审议。三、备查文件 1、公司第十一届董事会第十一次会议决议；2、独立董事关于相关事项的独立意见。特此公告。董事会 二〇二〇年二月二十九日 本公司及董事会全体成员保证信息披露的内容真实、准确、完整，没有虚假记载、误导性陈述或重大遗漏。一、董事会会议召开情况 公司第十一届董事会第十一次会议于2020年2月28日以通讯表决方式召开，会议通知于2020年2月24日以电子邮件方式送达全体董事。本次会议应参加表决董事9名，实际参加表决董事9名。会议的召集和召开符合《公司法》和《公司章程》的有关规定。二、董事会会议审议情况 1、审议
